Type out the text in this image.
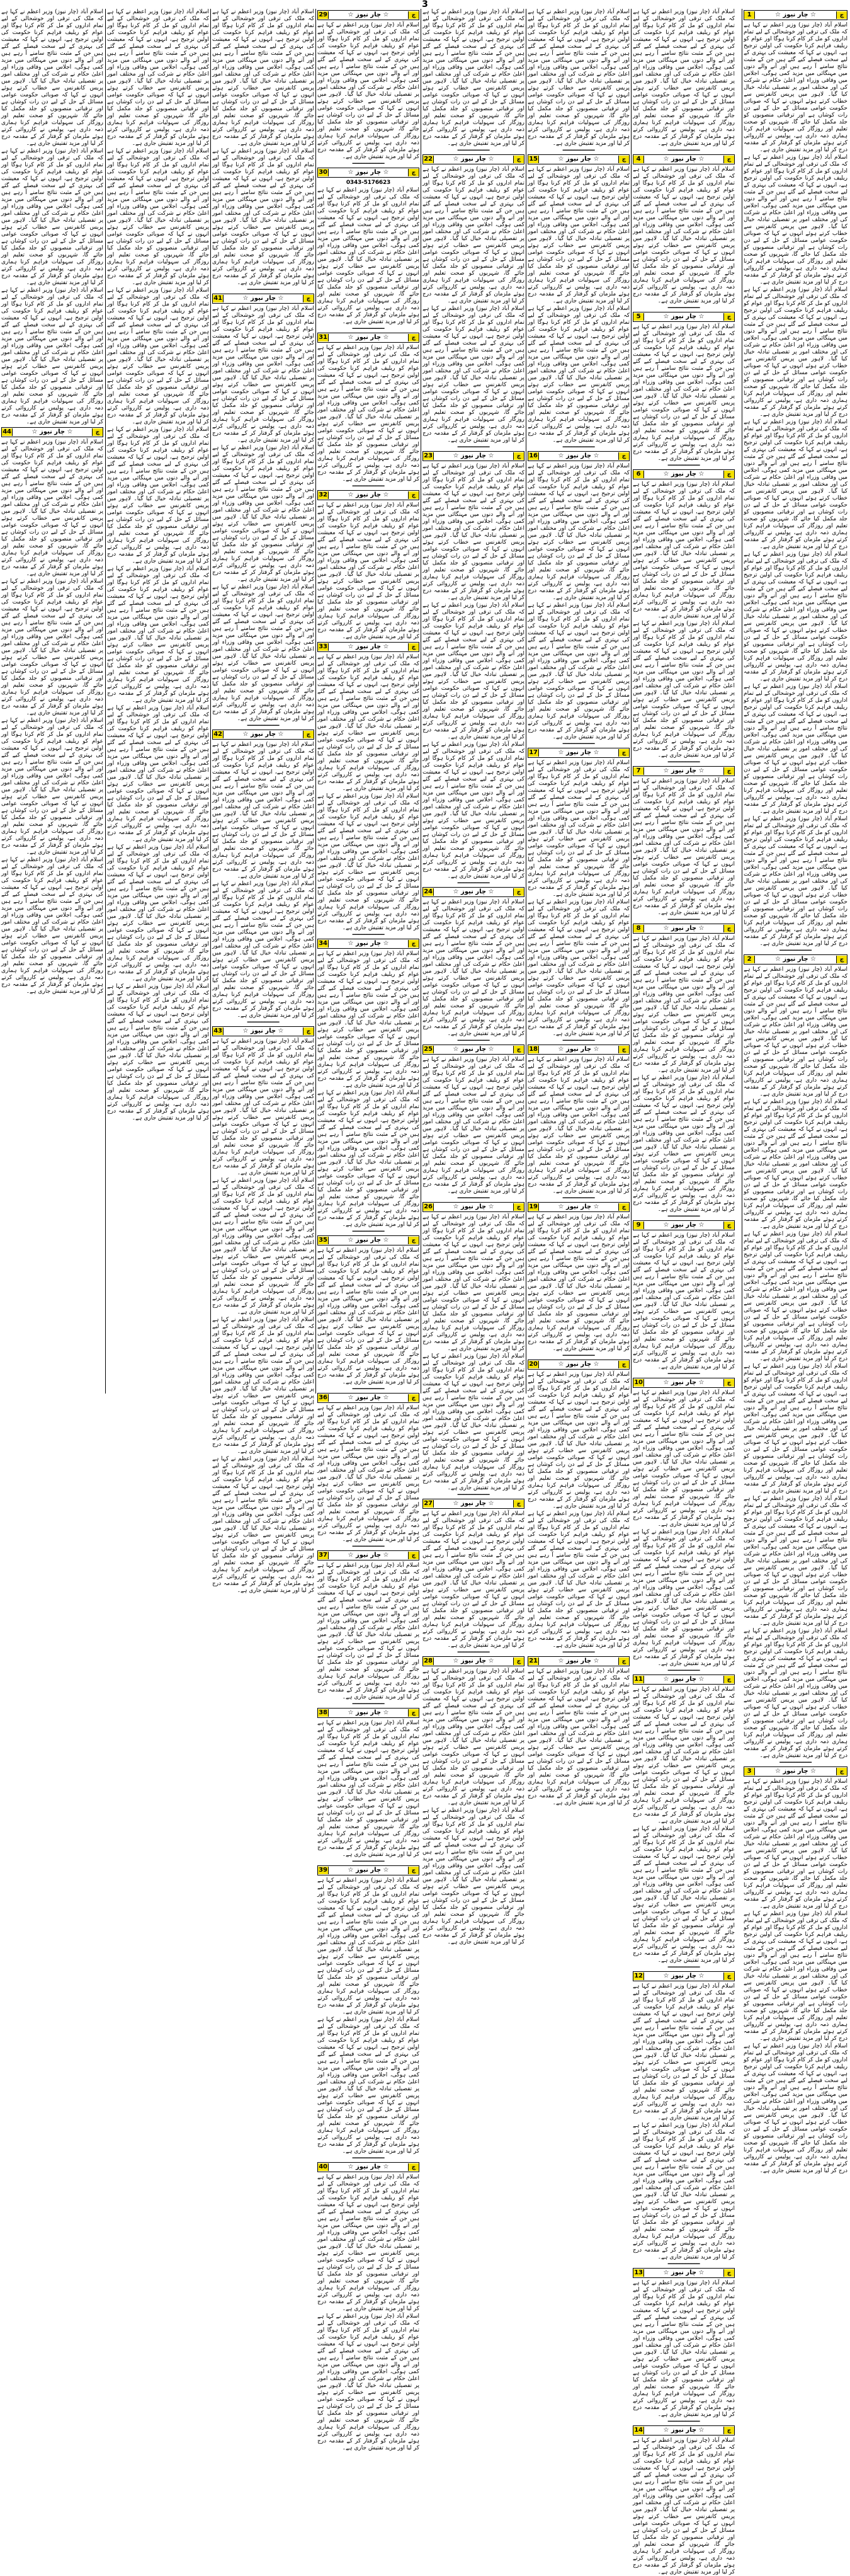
3

اسلام آباد (چار نیوز) وزیر اعظم نے کہا ہے کہ ملک کی ترقی اور خوشحالی کے لیے تمام اداروں کو مل کر کام کرنا ہوگا اور عوام کو ریلیف فراہم کرنا حکومت کی اولین ترجیح ہے، انہوں نے کہا کہ معیشت کی بہتری کے لیے سخت فیصلے کیے گئے ہیں جن کے مثبت نتائج سامنے آ رہے ہیں اور آنے والے دنوں میں مہنگائی میں مزید کمی ہوگی، اجلاس میں وفاقی وزراء اور اعلیٰ حکام نے شرکت کی اور مختلف امور پر تفصیلی تبادلہ خیال کیا گیا۔ لاہور میں پریس کانفرنس سے خطاب کرتے ہوئے انہوں نے کہا کہ صوبائی حکومت عوامی مسائل کے حل کے لیے دن رات کوشاں ہے اور ترقیاتی منصوبوں کو جلد مکمل کیا جائے گا، شہریوں کو صحت تعلیم اور روزگار کی سہولیات فراہم کرنا ہماری ذمہ داری ہے، پولیس نے کارروائی کرتے ہوئے ملزمان کو گرفتار کر کے مقدمہ درج کر لیا اور مزید تفتیش جاری ہے۔

اسلام آباد (چار نیوز) وزیر اعظم نے کہا ہے کہ ملک کی ترقی اور خوشحالی کے لیے تمام اداروں کو مل کر کام کرنا ہوگا اور عوام کو ریلیف فراہم کرنا حکومت کی اولین ترجیح ہے، انہوں نے کہا کہ معیشت کی بہتری کے لیے سخت فیصلے کیے گئے ہیں جن کے مثبت نتائج سامنے آ رہے ہیں اور آنے والے دنوں میں مہنگائی میں مزید کمی ہوگی، اجلاس میں وفاقی وزراء اور اعلیٰ حکام نے شرکت کی اور مختلف امور پر تفصیلی تبادلہ خیال کیا گیا۔ لاہور میں پریس کانفرنس سے خطاب کرتے ہوئے انہوں نے کہا کہ صوبائی حکومت عوامی مسائل کے حل کے لیے دن رات کوشاں ہے اور ترقیاتی منصوبوں کو جلد مکمل کیا جائے گا، شہریوں کو صحت تعلیم اور روزگار کی سہولیات فراہم کرنا ہماری ذمہ داری ہے، پولیس نے کارروائی کرتے ہوئے ملزمان کو گرفتار کر کے مقدمہ درج کر لیا اور مزید تفتیش جاری ہے۔

اسلام آباد (چار نیوز) وزیر اعظم نے کہا ہے کہ ملک کی ترقی اور خوشحالی کے لیے تمام اداروں کو مل کر کام کرنا ہوگا اور عوام کو ریلیف فراہم کرنا حکومت کی اولین ترجیح ہے، انہوں نے کہا کہ معیشت کی بہتری کے لیے سخت فیصلے کیے گئے ہیں جن کے مثبت نتائج سامنے آ رہے ہیں اور آنے والے دنوں میں مہنگائی میں مزید کمی ہوگی، اجلاس میں وفاقی وزراء اور اعلیٰ حکام نے شرکت کی اور مختلف امور پر تفصیلی تبادلہ خیال کیا گیا۔ لاہور میں پریس کانفرنس سے خطاب کرتے ہوئے انہوں نے کہا کہ صوبائی حکومت عوامی مسائل کے حل کے لیے دن رات کوشاں ہے اور ترقیاتی منصوبوں کو جلد مکمل کیا جائے گا، شہریوں کو صحت تعلیم اور روزگار کی سہولیات فراہم کرنا ہماری ذمہ داری ہے، پولیس نے کارروائی کرتے ہوئے ملزمان کو گرفتار کر کے مقدمہ درج کر لیا اور مزید تفتیش جاری ہے۔

چ
☆ چار نیوز ☆
44

اسلام آباد (چار نیوز) وزیر اعظم نے کہا ہے کہ ملک کی ترقی اور خوشحالی کے لیے تمام اداروں کو مل کر کام کرنا ہوگا اور عوام کو ریلیف فراہم کرنا حکومت کی اولین ترجیح ہے، انہوں نے کہا کہ معیشت کی بہتری کے لیے سخت فیصلے کیے گئے ہیں جن کے مثبت نتائج سامنے آ رہے ہیں اور آنے والے دنوں میں مہنگائی میں مزید کمی ہوگی، اجلاس میں وفاقی وزراء اور اعلیٰ حکام نے شرکت کی اور مختلف امور پر تفصیلی تبادلہ خیال کیا گیا۔ لاہور میں پریس کانفرنس سے خطاب کرتے ہوئے انہوں نے کہا کہ صوبائی حکومت عوامی مسائل کے حل کے لیے دن رات کوشاں ہے اور ترقیاتی منصوبوں کو جلد مکمل کیا جائے گا، شہریوں کو صحت تعلیم اور روزگار کی سہولیات فراہم کرنا ہماری ذمہ داری ہے، پولیس نے کارروائی کرتے ہوئے ملزمان کو گرفتار کر کے مقدمہ درج کر لیا اور مزید تفتیش جاری ہے۔

اسلام آباد (چار نیوز) وزیر اعظم نے کہا ہے کہ ملک کی ترقی اور خوشحالی کے لیے تمام اداروں کو مل کر کام کرنا ہوگا اور عوام کو ریلیف فراہم کرنا حکومت کی اولین ترجیح ہے، انہوں نے کہا کہ معیشت کی بہتری کے لیے سخت فیصلے کیے گئے ہیں جن کے مثبت نتائج سامنے آ رہے ہیں اور آنے والے دنوں میں مہنگائی میں مزید کمی ہوگی، اجلاس میں وفاقی وزراء اور اعلیٰ حکام نے شرکت کی اور مختلف امور پر تفصیلی تبادلہ خیال کیا گیا۔ لاہور میں پریس کانفرنس سے خطاب کرتے ہوئے انہوں نے کہا کہ صوبائی حکومت عوامی مسائل کے حل کے لیے دن رات کوشاں ہے اور ترقیاتی منصوبوں کو جلد مکمل کیا جائے گا، شہریوں کو صحت تعلیم اور روزگار کی سہولیات فراہم کرنا ہماری ذمہ داری ہے، پولیس نے کارروائی کرتے ہوئے ملزمان کو گرفتار کر کے مقدمہ درج کر لیا اور مزید تفتیش جاری ہے۔

اسلام آباد (چار نیوز) وزیر اعظم نے کہا ہے کہ ملک کی ترقی اور خوشحالی کے لیے تمام اداروں کو مل کر کام کرنا ہوگا اور عوام کو ریلیف فراہم کرنا حکومت کی اولین ترجیح ہے، انہوں نے کہا کہ معیشت کی بہتری کے لیے سخت فیصلے کیے گئے ہیں جن کے مثبت نتائج سامنے آ رہے ہیں اور آنے والے دنوں میں مہنگائی میں مزید کمی ہوگی، اجلاس میں وفاقی وزراء اور اعلیٰ حکام نے شرکت کی اور مختلف امور پر تفصیلی تبادلہ خیال کیا گیا۔ لاہور میں پریس کانفرنس سے خطاب کرتے ہوئے انہوں نے کہا کہ صوبائی حکومت عوامی مسائل کے حل کے لیے دن رات کوشاں ہے اور ترقیاتی منصوبوں کو جلد مکمل کیا جائے گا، شہریوں کو صحت تعلیم اور روزگار کی سہولیات فراہم کرنا ہماری ذمہ داری ہے، پولیس نے کارروائی کرتے ہوئے ملزمان کو گرفتار کر کے مقدمہ درج کر لیا اور مزید تفتیش جاری ہے۔

اسلام آباد (چار نیوز) وزیر اعظم نے کہا ہے کہ ملک کی ترقی اور خوشحالی کے لیے تمام اداروں کو مل کر کام کرنا ہوگا اور عوام کو ریلیف فراہم کرنا حکومت کی اولین ترجیح ہے، انہوں نے کہا کہ معیشت کی بہتری کے لیے سخت فیصلے کیے گئے ہیں جن کے مثبت نتائج سامنے آ رہے ہیں اور آنے والے دنوں میں مہنگائی میں مزید کمی ہوگی، اجلاس میں وفاقی وزراء اور اعلیٰ حکام نے شرکت کی اور مختلف امور پر تفصیلی تبادلہ خیال کیا گیا۔ لاہور میں پریس کانفرنس سے خطاب کرتے ہوئے انہوں نے کہا کہ صوبائی حکومت عوامی مسائل کے حل کے لیے دن رات کوشاں ہے اور ترقیاتی منصوبوں کو جلد مکمل کیا جائے گا، شہریوں کو صحت تعلیم اور روزگار کی سہولیات فراہم کرنا ہماری ذمہ داری ہے، پولیس نے کارروائی کرتے ہوئے ملزمان کو گرفتار کر کے مقدمہ درج کر لیا اور مزید تفتیش جاری ہے۔

اسلام آباد (چار نیوز) وزیر اعظم نے کہا ہے کہ ملک کی ترقی اور خوشحالی کے لیے تمام اداروں کو مل کر کام کرنا ہوگا اور عوام کو ریلیف فراہم کرنا حکومت کی اولین ترجیح ہے، انہوں نے کہا کہ معیشت کی بہتری کے لیے سخت فیصلے کیے گئے ہیں جن کے مثبت نتائج سامنے آ رہے ہیں اور آنے والے دنوں میں مہنگائی میں مزید کمی ہوگی، اجلاس میں وفاقی وزراء اور اعلیٰ حکام نے شرکت کی اور مختلف امور پر تفصیلی تبادلہ خیال کیا گیا۔ لاہور میں پریس کانفرنس سے خطاب کرتے ہوئے انہوں نے کہا کہ صوبائی حکومت عوامی مسائل کے حل کے لیے دن رات کوشاں ہے اور ترقیاتی منصوبوں کو جلد مکمل کیا جائے گا، شہریوں کو صحت تعلیم اور روزگار کی سہولیات فراہم کرنا ہماری ذمہ داری ہے، پولیس نے کارروائی کرتے ہوئے ملزمان کو گرفتار کر کے مقدمہ درج کر لیا اور مزید تفتیش جاری ہے۔

اسلام آباد (چار نیوز) وزیر اعظم نے کہا ہے کہ ملک کی ترقی اور خوشحالی کے لیے تمام اداروں کو مل کر کام کرنا ہوگا اور عوام کو ریلیف فراہم کرنا حکومت کی اولین ترجیح ہے، انہوں نے کہا کہ معیشت کی بہتری کے لیے سخت فیصلے کیے گئے ہیں جن کے مثبت نتائج سامنے آ رہے ہیں اور آنے والے دنوں میں مہنگائی میں مزید کمی ہوگی، اجلاس میں وفاقی وزراء اور اعلیٰ حکام نے شرکت کی اور مختلف امور پر تفصیلی تبادلہ خیال کیا گیا۔ لاہور میں پریس کانفرنس سے خطاب کرتے ہوئے انہوں نے کہا کہ صوبائی حکومت عوامی مسائل کے حل کے لیے دن رات کوشاں ہے اور ترقیاتی منصوبوں کو جلد مکمل کیا جائے گا، شہریوں کو صحت تعلیم اور روزگار کی سہولیات فراہم کرنا ہماری ذمہ داری ہے، پولیس نے کارروائی کرتے ہوئے ملزمان کو گرفتار کر کے مقدمہ درج کر لیا اور مزید تفتیش جاری ہے۔

اسلام آباد (چار نیوز) وزیر اعظم نے کہا ہے کہ ملک کی ترقی اور خوشحالی کے لیے تمام اداروں کو مل کر کام کرنا ہوگا اور عوام کو ریلیف فراہم کرنا حکومت کی اولین ترجیح ہے، انہوں نے کہا کہ معیشت کی بہتری کے لیے سخت فیصلے کیے گئے ہیں جن کے مثبت نتائج سامنے آ رہے ہیں اور آنے والے دنوں میں مہنگائی میں مزید کمی ہوگی، اجلاس میں وفاقی وزراء اور اعلیٰ حکام نے شرکت کی اور مختلف امور پر تفصیلی تبادلہ خیال کیا گیا۔ لاہور میں پریس کانفرنس سے خطاب کرتے ہوئے انہوں نے کہا کہ صوبائی حکومت عوامی مسائل کے حل کے لیے دن رات کوشاں ہے اور ترقیاتی منصوبوں کو جلد مکمل کیا جائے گا، شہریوں کو صحت تعلیم اور روزگار کی سہولیات فراہم کرنا ہماری ذمہ داری ہے، پولیس نے کارروائی کرتے ہوئے ملزمان کو گرفتار کر کے مقدمہ درج کر لیا اور مزید تفتیش جاری ہے۔

اسلام آباد (چار نیوز) وزیر اعظم نے کہا ہے کہ ملک کی ترقی اور خوشحالی کے لیے تمام اداروں کو مل کر کام کرنا ہوگا اور عوام کو ریلیف فراہم کرنا حکومت کی اولین ترجیح ہے، انہوں نے کہا کہ معیشت کی بہتری کے لیے سخت فیصلے کیے گئے ہیں جن کے مثبت نتائج سامنے آ رہے ہیں اور آنے والے دنوں میں مہنگائی میں مزید کمی ہوگی، اجلاس میں وفاقی وزراء اور اعلیٰ حکام نے شرکت کی اور مختلف امور پر تفصیلی تبادلہ خیال کیا گیا۔ لاہور میں پریس کانفرنس سے خطاب کرتے ہوئے انہوں نے کہا کہ صوبائی حکومت عوامی مسائل کے حل کے لیے دن رات کوشاں ہے اور ترقیاتی منصوبوں کو جلد مکمل کیا جائے گا، شہریوں کو صحت تعلیم اور روزگار کی سہولیات فراہم کرنا ہماری ذمہ داری ہے، پولیس نے کارروائی کرتے ہوئے ملزمان کو گرفتار کر کے مقدمہ درج کر لیا اور مزید تفتیش جاری ہے۔

اسلام آباد (چار نیوز) وزیر اعظم نے کہا ہے کہ ملک کی ترقی اور خوشحالی کے لیے تمام اداروں کو مل کر کام کرنا ہوگا اور عوام کو ریلیف فراہم کرنا حکومت کی اولین ترجیح ہے، انہوں نے کہا کہ معیشت کی بہتری کے لیے سخت فیصلے کیے گئے ہیں جن کے مثبت نتائج سامنے آ رہے ہیں اور آنے والے دنوں میں مہنگائی میں مزید کمی ہوگی، اجلاس میں وفاقی وزراء اور اعلیٰ حکام نے شرکت کی اور مختلف امور پر تفصیلی تبادلہ خیال کیا گیا۔ لاہور میں پریس کانفرنس سے خطاب کرتے ہوئے انہوں نے کہا کہ صوبائی حکومت عوامی مسائل کے حل کے لیے دن رات کوشاں ہے اور ترقیاتی منصوبوں کو جلد مکمل کیا جائے گا، شہریوں کو صحت تعلیم اور روزگار کی سہولیات فراہم کرنا ہماری ذمہ داری ہے، پولیس نے کارروائی کرتے ہوئے ملزمان کو گرفتار کر کے مقدمہ درج کر لیا اور مزید تفتیش جاری ہے۔

اسلام آباد (چار نیوز) وزیر اعظم نے کہا ہے کہ ملک کی ترقی اور خوشحالی کے لیے تمام اداروں کو مل کر کام کرنا ہوگا اور عوام کو ریلیف فراہم کرنا حکومت کی اولین ترجیح ہے، انہوں نے کہا کہ معیشت کی بہتری کے لیے سخت فیصلے کیے گئے ہیں جن کے مثبت نتائج سامنے آ رہے ہیں اور آنے والے دنوں میں مہنگائی میں مزید کمی ہوگی، اجلاس میں وفاقی وزراء اور اعلیٰ حکام نے شرکت کی اور مختلف امور پر تفصیلی تبادلہ خیال کیا گیا۔ لاہور میں پریس کانفرنس سے خطاب کرتے ہوئے انہوں نے کہا کہ صوبائی حکومت عوامی مسائل کے حل کے لیے دن رات کوشاں ہے اور ترقیاتی منصوبوں کو جلد مکمل کیا جائے گا، شہریوں کو صحت تعلیم اور روزگار کی سہولیات فراہم کرنا ہماری ذمہ داری ہے، پولیس نے کارروائی کرتے ہوئے ملزمان کو گرفتار کر کے مقدمہ درج کر لیا اور مزید تفتیش جاری ہے۔

اسلام آباد (چار نیوز) وزیر اعظم نے کہا ہے کہ ملک کی ترقی اور خوشحالی کے لیے تمام اداروں کو مل کر کام کرنا ہوگا اور عوام کو ریلیف فراہم کرنا حکومت کی اولین ترجیح ہے، انہوں نے کہا کہ معیشت کی بہتری کے لیے سخت فیصلے کیے گئے ہیں جن کے مثبت نتائج سامنے آ رہے ہیں اور آنے والے دنوں میں مہنگائی میں مزید کمی ہوگی، اجلاس میں وفاقی وزراء اور اعلیٰ حکام نے شرکت کی اور مختلف امور پر تفصیلی تبادلہ خیال کیا گیا۔ لاہور میں پریس کانفرنس سے خطاب کرتے ہوئے انہوں نے کہا کہ صوبائی حکومت عوامی مسائل کے حل کے لیے دن رات کوشاں ہے اور ترقیاتی منصوبوں کو جلد مکمل کیا جائے گا، شہریوں کو صحت تعلیم اور روزگار کی سہولیات فراہم کرنا ہماری ذمہ داری ہے، پولیس نے کارروائی کرتے ہوئے ملزمان کو گرفتار کر کے مقدمہ درج کر لیا اور مزید تفتیش جاری ہے۔

اسلام آباد (چار نیوز) وزیر اعظم نے کہا ہے کہ ملک کی ترقی اور خوشحالی کے لیے تمام اداروں کو مل کر کام کرنا ہوگا اور عوام کو ریلیف فراہم کرنا حکومت کی اولین ترجیح ہے، انہوں نے کہا کہ معیشت کی بہتری کے لیے سخت فیصلے کیے گئے ہیں جن کے مثبت نتائج سامنے آ رہے ہیں اور آنے والے دنوں میں مہنگائی میں مزید کمی ہوگی، اجلاس میں وفاقی وزراء اور اعلیٰ حکام نے شرکت کی اور مختلف امور پر تفصیلی تبادلہ خیال کیا گیا۔ لاہور میں پریس کانفرنس سے خطاب کرتے ہوئے انہوں نے کہا کہ صوبائی حکومت عوامی مسائل کے حل کے لیے دن رات کوشاں ہے اور ترقیاتی منصوبوں کو جلد مکمل کیا جائے گا، شہریوں کو صحت تعلیم اور روزگار کی سہولیات فراہم کرنا ہماری ذمہ داری ہے، پولیس نے کارروائی کرتے ہوئے ملزمان کو گرفتار کر کے مقدمہ درج کر لیا اور مزید تفتیش جاری ہے۔

اسلام آباد (چار نیوز) وزیر اعظم نے کہا ہے کہ ملک کی ترقی اور خوشحالی کے لیے تمام اداروں کو مل کر کام کرنا ہوگا اور عوام کو ریلیف فراہم کرنا حکومت کی اولین ترجیح ہے، انہوں نے کہا کہ معیشت کی بہتری کے لیے سخت فیصلے کیے گئے ہیں جن کے مثبت نتائج سامنے آ رہے ہیں اور آنے والے دنوں میں مہنگائی میں مزید کمی ہوگی، اجلاس میں وفاقی وزراء اور اعلیٰ حکام نے شرکت کی اور مختلف امور پر تفصیلی تبادلہ خیال کیا گیا۔ لاہور میں پریس کانفرنس سے خطاب کرتے ہوئے انہوں نے کہا کہ صوبائی حکومت عوامی مسائل کے حل کے لیے دن رات کوشاں ہے اور ترقیاتی منصوبوں کو جلد مکمل کیا جائے گا، شہریوں کو صحت تعلیم اور روزگار کی سہولیات فراہم کرنا ہماری ذمہ داری ہے، پولیس نے کارروائی کرتے ہوئے ملزمان کو گرفتار کر کے مقدمہ درج کر لیا اور مزید تفتیش جاری ہے۔

اسلام آباد (چار نیوز) وزیر اعظم نے کہا ہے کہ ملک کی ترقی اور خوشحالی کے لیے تمام اداروں کو مل کر کام کرنا ہوگا اور عوام کو ریلیف فراہم کرنا حکومت کی اولین ترجیح ہے، انہوں نے کہا کہ معیشت کی بہتری کے لیے سخت فیصلے کیے گئے ہیں جن کے مثبت نتائج سامنے آ رہے ہیں اور آنے والے دنوں میں مہنگائی میں مزید کمی ہوگی، اجلاس میں وفاقی وزراء اور اعلیٰ حکام نے شرکت کی اور مختلف امور پر تفصیلی تبادلہ خیال کیا گیا۔ لاہور میں پریس کانفرنس سے خطاب کرتے ہوئے انہوں نے کہا کہ صوبائی حکومت عوامی مسائل کے حل کے لیے دن رات کوشاں ہے اور ترقیاتی منصوبوں کو جلد مکمل کیا جائے گا، شہریوں کو صحت تعلیم اور روزگار کی سہولیات فراہم کرنا ہماری ذمہ داری ہے، پولیس نے کارروائی کرتے ہوئے ملزمان کو گرفتار کر کے مقدمہ درج کر لیا اور مزید تفتیش جاری ہے۔

━━━━━━━━━━━
چ
☆ چار نیوز ☆
41

اسلام آباد (چار نیوز) وزیر اعظم نے کہا ہے کہ ملک کی ترقی اور خوشحالی کے لیے تمام اداروں کو مل کر کام کرنا ہوگا اور عوام کو ریلیف فراہم کرنا حکومت کی اولین ترجیح ہے، انہوں نے کہا کہ معیشت کی بہتری کے لیے سخت فیصلے کیے گئے ہیں جن کے مثبت نتائج سامنے آ رہے ہیں اور آنے والے دنوں میں مہنگائی میں مزید کمی ہوگی، اجلاس میں وفاقی وزراء اور اعلیٰ حکام نے شرکت کی اور مختلف امور پر تفصیلی تبادلہ خیال کیا گیا۔ لاہور میں پریس کانفرنس سے خطاب کرتے ہوئے انہوں نے کہا کہ صوبائی حکومت عوامی مسائل کے حل کے لیے دن رات کوشاں ہے اور ترقیاتی منصوبوں کو جلد مکمل کیا جائے گا، شہریوں کو صحت تعلیم اور روزگار کی سہولیات فراہم کرنا ہماری ذمہ داری ہے، پولیس نے کارروائی کرتے ہوئے ملزمان کو گرفتار کر کے مقدمہ درج کر لیا اور مزید تفتیش جاری ہے۔

اسلام آباد (چار نیوز) وزیر اعظم نے کہا ہے کہ ملک کی ترقی اور خوشحالی کے لیے تمام اداروں کو مل کر کام کرنا ہوگا اور عوام کو ریلیف فراہم کرنا حکومت کی اولین ترجیح ہے، انہوں نے کہا کہ معیشت کی بہتری کے لیے سخت فیصلے کیے گئے ہیں جن کے مثبت نتائج سامنے آ رہے ہیں اور آنے والے دنوں میں مہنگائی میں مزید کمی ہوگی، اجلاس میں وفاقی وزراء اور اعلیٰ حکام نے شرکت کی اور مختلف امور پر تفصیلی تبادلہ خیال کیا گیا۔ لاہور میں پریس کانفرنس سے خطاب کرتے ہوئے انہوں نے کہا کہ صوبائی حکومت عوامی مسائل کے حل کے لیے دن رات کوشاں ہے اور ترقیاتی منصوبوں کو جلد مکمل کیا جائے گا، شہریوں کو صحت تعلیم اور روزگار کی سہولیات فراہم کرنا ہماری ذمہ داری ہے، پولیس نے کارروائی کرتے ہوئے ملزمان کو گرفتار کر کے مقدمہ درج کر لیا اور مزید تفتیش جاری ہے۔

اسلام آباد (چار نیوز) وزیر اعظم نے کہا ہے کہ ملک کی ترقی اور خوشحالی کے لیے تمام اداروں کو مل کر کام کرنا ہوگا اور عوام کو ریلیف فراہم کرنا حکومت کی اولین ترجیح ہے، انہوں نے کہا کہ معیشت کی بہتری کے لیے سخت فیصلے کیے گئے ہیں جن کے مثبت نتائج سامنے آ رہے ہیں اور آنے والے دنوں میں مہنگائی میں مزید کمی ہوگی، اجلاس میں وفاقی وزراء اور اعلیٰ حکام نے شرکت کی اور مختلف امور پر تفصیلی تبادلہ خیال کیا گیا۔ لاہور میں پریس کانفرنس سے خطاب کرتے ہوئے انہوں نے کہا کہ صوبائی حکومت عوامی مسائل کے حل کے لیے دن رات کوشاں ہے اور ترقیاتی منصوبوں کو جلد مکمل کیا جائے گا، شہریوں کو صحت تعلیم اور روزگار کی سہولیات فراہم کرنا ہماری ذمہ داری ہے، پولیس نے کارروائی کرتے ہوئے ملزمان کو گرفتار کر کے مقدمہ درج کر لیا اور مزید تفتیش جاری ہے۔

━━━━━━━━━━━
چ
☆ چار نیوز ☆
42

اسلام آباد (چار نیوز) وزیر اعظم نے کہا ہے کہ ملک کی ترقی اور خوشحالی کے لیے تمام اداروں کو مل کر کام کرنا ہوگا اور عوام کو ریلیف فراہم کرنا حکومت کی اولین ترجیح ہے، انہوں نے کہا کہ معیشت کی بہتری کے لیے سخت فیصلے کیے گئے ہیں جن کے مثبت نتائج سامنے آ رہے ہیں اور آنے والے دنوں میں مہنگائی میں مزید کمی ہوگی، اجلاس میں وفاقی وزراء اور اعلیٰ حکام نے شرکت کی اور مختلف امور پر تفصیلی تبادلہ خیال کیا گیا۔ لاہور میں پریس کانفرنس سے خطاب کرتے ہوئے انہوں نے کہا کہ صوبائی حکومت عوامی مسائل کے حل کے لیے دن رات کوشاں ہے اور ترقیاتی منصوبوں کو جلد مکمل کیا جائے گا، شہریوں کو صحت تعلیم اور روزگار کی سہولیات فراہم کرنا ہماری ذمہ داری ہے، پولیس نے کارروائی کرتے ہوئے ملزمان کو گرفتار کر کے مقدمہ درج کر لیا اور مزید تفتیش جاری ہے۔

اسلام آباد (چار نیوز) وزیر اعظم نے کہا ہے کہ ملک کی ترقی اور خوشحالی کے لیے تمام اداروں کو مل کر کام کرنا ہوگا اور عوام کو ریلیف فراہم کرنا حکومت کی اولین ترجیح ہے، انہوں نے کہا کہ معیشت کی بہتری کے لیے سخت فیصلے کیے گئے ہیں جن کے مثبت نتائج سامنے آ رہے ہیں اور آنے والے دنوں میں مہنگائی میں مزید کمی ہوگی، اجلاس میں وفاقی وزراء اور اعلیٰ حکام نے شرکت کی اور مختلف امور پر تفصیلی تبادلہ خیال کیا گیا۔ لاہور میں پریس کانفرنس سے خطاب کرتے ہوئے انہوں نے کہا کہ صوبائی حکومت عوامی مسائل کے حل کے لیے دن رات کوشاں ہے اور ترقیاتی منصوبوں کو جلد مکمل کیا جائے گا، شہریوں کو صحت تعلیم اور روزگار کی سہولیات فراہم کرنا ہماری ذمہ داری ہے، پولیس نے کارروائی کرتے ہوئے ملزمان کو گرفتار کر کے مقدمہ درج کر لیا اور مزید تفتیش جاری ہے۔

━━━━━━━━━━━
چ
☆ چار نیوز ☆
43

اسلام آباد (چار نیوز) وزیر اعظم نے کہا ہے کہ ملک کی ترقی اور خوشحالی کے لیے تمام اداروں کو مل کر کام کرنا ہوگا اور عوام کو ریلیف فراہم کرنا حکومت کی اولین ترجیح ہے، انہوں نے کہا کہ معیشت کی بہتری کے لیے سخت فیصلے کیے گئے ہیں جن کے مثبت نتائج سامنے آ رہے ہیں اور آنے والے دنوں میں مہنگائی میں مزید کمی ہوگی، اجلاس میں وفاقی وزراء اور اعلیٰ حکام نے شرکت کی اور مختلف امور پر تفصیلی تبادلہ خیال کیا گیا۔ لاہور میں پریس کانفرنس سے خطاب کرتے ہوئے انہوں نے کہا کہ صوبائی حکومت عوامی مسائل کے حل کے لیے دن رات کوشاں ہے اور ترقیاتی منصوبوں کو جلد مکمل کیا جائے گا، شہریوں کو صحت تعلیم اور روزگار کی سہولیات فراہم کرنا ہماری ذمہ داری ہے، پولیس نے کارروائی کرتے ہوئے ملزمان کو گرفتار کر کے مقدمہ درج کر لیا اور مزید تفتیش جاری ہے۔

اسلام آباد (چار نیوز) وزیر اعظم نے کہا ہے کہ ملک کی ترقی اور خوشحالی کے لیے تمام اداروں کو مل کر کام کرنا ہوگا اور عوام کو ریلیف فراہم کرنا حکومت کی اولین ترجیح ہے، انہوں نے کہا کہ معیشت کی بہتری کے لیے سخت فیصلے کیے گئے ہیں جن کے مثبت نتائج سامنے آ رہے ہیں اور آنے والے دنوں میں مہنگائی میں مزید کمی ہوگی، اجلاس میں وفاقی وزراء اور اعلیٰ حکام نے شرکت کی اور مختلف امور پر تفصیلی تبادلہ خیال کیا گیا۔ لاہور میں پریس کانفرنس سے خطاب کرتے ہوئے انہوں نے کہا کہ صوبائی حکومت عوامی مسائل کے حل کے لیے دن رات کوشاں ہے اور ترقیاتی منصوبوں کو جلد مکمل کیا جائے گا، شہریوں کو صحت تعلیم اور روزگار کی سہولیات فراہم کرنا ہماری ذمہ داری ہے، پولیس نے کارروائی کرتے ہوئے ملزمان کو گرفتار کر کے مقدمہ درج کر لیا اور مزید تفتیش جاری ہے۔

اسلام آباد (چار نیوز) وزیر اعظم نے کہا ہے کہ ملک کی ترقی اور خوشحالی کے لیے تمام اداروں کو مل کر کام کرنا ہوگا اور عوام کو ریلیف فراہم کرنا حکومت کی اولین ترجیح ہے، انہوں نے کہا کہ معیشت کی بہتری کے لیے سخت فیصلے کیے گئے ہیں جن کے مثبت نتائج سامنے آ رہے ہیں اور آنے والے دنوں میں مہنگائی میں مزید کمی ہوگی، اجلاس میں وفاقی وزراء اور اعلیٰ حکام نے شرکت کی اور مختلف امور پر تفصیلی تبادلہ خیال کیا گیا۔ لاہور میں پریس کانفرنس سے خطاب کرتے ہوئے انہوں نے کہا کہ صوبائی حکومت عوامی مسائل کے حل کے لیے دن رات کوشاں ہے اور ترقیاتی منصوبوں کو جلد مکمل کیا جائے گا، شہریوں کو صحت تعلیم اور روزگار کی سہولیات فراہم کرنا ہماری ذمہ داری ہے، پولیس نے کارروائی کرتے ہوئے ملزمان کو گرفتار کر کے مقدمہ درج کر لیا اور مزید تفتیش جاری ہے۔

اسلام آباد (چار نیوز) وزیر اعظم نے کہا ہے کہ ملک کی ترقی اور خوشحالی کے لیے تمام اداروں کو مل کر کام کرنا ہوگا اور عوام کو ریلیف فراہم کرنا حکومت کی اولین ترجیح ہے، انہوں نے کہا کہ معیشت کی بہتری کے لیے سخت فیصلے کیے گئے ہیں جن کے مثبت نتائج سامنے آ رہے ہیں اور آنے والے دنوں میں مہنگائی میں مزید کمی ہوگی، اجلاس میں وفاقی وزراء اور اعلیٰ حکام نے شرکت کی اور مختلف امور پر تفصیلی تبادلہ خیال کیا گیا۔ لاہور میں پریس کانفرنس سے خطاب کرتے ہوئے انہوں نے کہا کہ صوبائی حکومت عوامی مسائل کے حل کے لیے دن رات کوشاں ہے اور ترقیاتی منصوبوں کو جلد مکمل کیا جائے گا، شہریوں کو صحت تعلیم اور روزگار کی سہولیات فراہم کرنا ہماری ذمہ داری ہے، پولیس نے کارروائی کرتے ہوئے ملزمان کو گرفتار کر کے مقدمہ درج کر لیا اور مزید تفتیش جاری ہے۔

چ
☆ چار نیوز ☆
29

اسلام آباد (چار نیوز) وزیر اعظم نے کہا ہے کہ ملک کی ترقی اور خوشحالی کے لیے تمام اداروں کو مل کر کام کرنا ہوگا اور عوام کو ریلیف فراہم کرنا حکومت کی اولین ترجیح ہے، انہوں نے کہا کہ معیشت کی بہتری کے لیے سخت فیصلے کیے گئے ہیں جن کے مثبت نتائج سامنے آ رہے ہیں اور آنے والے دنوں میں مہنگائی میں مزید کمی ہوگی، اجلاس میں وفاقی وزراء اور اعلیٰ حکام نے شرکت کی اور مختلف امور پر تفصیلی تبادلہ خیال کیا گیا۔ لاہور میں پریس کانفرنس سے خطاب کرتے ہوئے انہوں نے کہا کہ صوبائی حکومت عوامی مسائل کے حل کے لیے دن رات کوشاں ہے اور ترقیاتی منصوبوں کو جلد مکمل کیا جائے گا، شہریوں کو صحت تعلیم اور روزگار کی سہولیات فراہم کرنا ہماری ذمہ داری ہے، پولیس نے کارروائی کرتے ہوئے ملزمان کو گرفتار کر کے مقدمہ درج کر لیا اور مزید تفتیش جاری ہے۔

━━━━━━━━━━━
چ
☆ چار نیوز ☆
30

0343-5176623

اسلام آباد (چار نیوز) وزیر اعظم نے کہا ہے کہ ملک کی ترقی اور خوشحالی کے لیے تمام اداروں کو مل کر کام کرنا ہوگا اور عوام کو ریلیف فراہم کرنا حکومت کی اولین ترجیح ہے، انہوں نے کہا کہ معیشت کی بہتری کے لیے سخت فیصلے کیے گئے ہیں جن کے مثبت نتائج سامنے آ رہے ہیں اور آنے والے دنوں میں مہنگائی میں مزید کمی ہوگی، اجلاس میں وفاقی وزراء اور اعلیٰ حکام نے شرکت کی اور مختلف امور پر تفصیلی تبادلہ خیال کیا گیا۔ لاہور میں پریس کانفرنس سے خطاب کرتے ہوئے انہوں نے کہا کہ صوبائی حکومت عوامی مسائل کے حل کے لیے دن رات کوشاں ہے اور ترقیاتی منصوبوں کو جلد مکمل کیا جائے گا، شہریوں کو صحت تعلیم اور روزگار کی سہولیات فراہم کرنا ہماری ذمہ داری ہے، پولیس نے کارروائی کرتے ہوئے ملزمان کو گرفتار کر کے مقدمہ درج کر لیا اور مزید تفتیش جاری ہے۔

━━━━━━━━━━━
چ
☆ چار نیوز ☆
31

اسلام آباد (چار نیوز) وزیر اعظم نے کہا ہے کہ ملک کی ترقی اور خوشحالی کے لیے تمام اداروں کو مل کر کام کرنا ہوگا اور عوام کو ریلیف فراہم کرنا حکومت کی اولین ترجیح ہے، انہوں نے کہا کہ معیشت کی بہتری کے لیے سخت فیصلے کیے گئے ہیں جن کے مثبت نتائج سامنے آ رہے ہیں اور آنے والے دنوں میں مہنگائی میں مزید کمی ہوگی، اجلاس میں وفاقی وزراء اور اعلیٰ حکام نے شرکت کی اور مختلف امور پر تفصیلی تبادلہ خیال کیا گیا۔ لاہور میں پریس کانفرنس سے خطاب کرتے ہوئے انہوں نے کہا کہ صوبائی حکومت عوامی مسائل کے حل کے لیے دن رات کوشاں ہے اور ترقیاتی منصوبوں کو جلد مکمل کیا جائے گا، شہریوں کو صحت تعلیم اور روزگار کی سہولیات فراہم کرنا ہماری ذمہ داری ہے، پولیس نے کارروائی کرتے ہوئے ملزمان کو گرفتار کر کے مقدمہ درج کر لیا اور مزید تفتیش جاری ہے۔

━━━━━━━━━━━
چ
☆ چار نیوز ☆
32

اسلام آباد (چار نیوز) وزیر اعظم نے کہا ہے کہ ملک کی ترقی اور خوشحالی کے لیے تمام اداروں کو مل کر کام کرنا ہوگا اور عوام کو ریلیف فراہم کرنا حکومت کی اولین ترجیح ہے، انہوں نے کہا کہ معیشت کی بہتری کے لیے سخت فیصلے کیے گئے ہیں جن کے مثبت نتائج سامنے آ رہے ہیں اور آنے والے دنوں میں مہنگائی میں مزید کمی ہوگی، اجلاس میں وفاقی وزراء اور اعلیٰ حکام نے شرکت کی اور مختلف امور پر تفصیلی تبادلہ خیال کیا گیا۔ لاہور میں پریس کانفرنس سے خطاب کرتے ہوئے انہوں نے کہا کہ صوبائی حکومت عوامی مسائل کے حل کے لیے دن رات کوشاں ہے اور ترقیاتی منصوبوں کو جلد مکمل کیا جائے گا، شہریوں کو صحت تعلیم اور روزگار کی سہولیات فراہم کرنا ہماری ذمہ داری ہے، پولیس نے کارروائی کرتے ہوئے ملزمان کو گرفتار کر کے مقدمہ درج کر لیا اور مزید تفتیش جاری ہے۔

چ
☆ چار نیوز ☆
33

اسلام آباد (چار نیوز) وزیر اعظم نے کہا ہے کہ ملک کی ترقی اور خوشحالی کے لیے تمام اداروں کو مل کر کام کرنا ہوگا اور عوام کو ریلیف فراہم کرنا حکومت کی اولین ترجیح ہے، انہوں نے کہا کہ معیشت کی بہتری کے لیے سخت فیصلے کیے گئے ہیں جن کے مثبت نتائج سامنے آ رہے ہیں اور آنے والے دنوں میں مہنگائی میں مزید کمی ہوگی، اجلاس میں وفاقی وزراء اور اعلیٰ حکام نے شرکت کی اور مختلف امور پر تفصیلی تبادلہ خیال کیا گیا۔ لاہور میں پریس کانفرنس سے خطاب کرتے ہوئے انہوں نے کہا کہ صوبائی حکومت عوامی مسائل کے حل کے لیے دن رات کوشاں ہے اور ترقیاتی منصوبوں کو جلد مکمل کیا جائے گا، شہریوں کو صحت تعلیم اور روزگار کی سہولیات فراہم کرنا ہماری ذمہ داری ہے، پولیس نے کارروائی کرتے ہوئے ملزمان کو گرفتار کر کے مقدمہ درج کر لیا اور مزید تفتیش جاری ہے۔

اسلام آباد (چار نیوز) وزیر اعظم نے کہا ہے کہ ملک کی ترقی اور خوشحالی کے لیے تمام اداروں کو مل کر کام کرنا ہوگا اور عوام کو ریلیف فراہم کرنا حکومت کی اولین ترجیح ہے، انہوں نے کہا کہ معیشت کی بہتری کے لیے سخت فیصلے کیے گئے ہیں جن کے مثبت نتائج سامنے آ رہے ہیں اور آنے والے دنوں میں مہنگائی میں مزید کمی ہوگی، اجلاس میں وفاقی وزراء اور اعلیٰ حکام نے شرکت کی اور مختلف امور پر تفصیلی تبادلہ خیال کیا گیا۔ لاہور میں پریس کانفرنس سے خطاب کرتے ہوئے انہوں نے کہا کہ صوبائی حکومت عوامی مسائل کے حل کے لیے دن رات کوشاں ہے اور ترقیاتی منصوبوں کو جلد مکمل کیا جائے گا، شہریوں کو صحت تعلیم اور روزگار کی سہولیات فراہم کرنا ہماری ذمہ داری ہے، پولیس نے کارروائی کرتے ہوئے ملزمان کو گرفتار کر کے مقدمہ درج کر لیا اور مزید تفتیش جاری ہے۔

━━━━━━━━━━━
چ
☆ چار نیوز ☆
34

اسلام آباد (چار نیوز) وزیر اعظم نے کہا ہے کہ ملک کی ترقی اور خوشحالی کے لیے تمام اداروں کو مل کر کام کرنا ہوگا اور عوام کو ریلیف فراہم کرنا حکومت کی اولین ترجیح ہے، انہوں نے کہا کہ معیشت کی بہتری کے لیے سخت فیصلے کیے گئے ہیں جن کے مثبت نتائج سامنے آ رہے ہیں اور آنے والے دنوں میں مہنگائی میں مزید کمی ہوگی، اجلاس میں وفاقی وزراء اور اعلیٰ حکام نے شرکت کی اور مختلف امور پر تفصیلی تبادلہ خیال کیا گیا۔ لاہور میں پریس کانفرنس سے خطاب کرتے ہوئے انہوں نے کہا کہ صوبائی حکومت عوامی مسائل کے حل کے لیے دن رات کوشاں ہے اور ترقیاتی منصوبوں کو جلد مکمل کیا جائے گا، شہریوں کو صحت تعلیم اور روزگار کی سہولیات فراہم کرنا ہماری ذمہ داری ہے، پولیس نے کارروائی کرتے ہوئے ملزمان کو گرفتار کر کے مقدمہ درج کر لیا اور مزید تفتیش جاری ہے۔

اسلام آباد (چار نیوز) وزیر اعظم نے کہا ہے کہ ملک کی ترقی اور خوشحالی کے لیے تمام اداروں کو مل کر کام کرنا ہوگا اور عوام کو ریلیف فراہم کرنا حکومت کی اولین ترجیح ہے، انہوں نے کہا کہ معیشت کی بہتری کے لیے سخت فیصلے کیے گئے ہیں جن کے مثبت نتائج سامنے آ رہے ہیں اور آنے والے دنوں میں مہنگائی میں مزید کمی ہوگی، اجلاس میں وفاقی وزراء اور اعلیٰ حکام نے شرکت کی اور مختلف امور پر تفصیلی تبادلہ خیال کیا گیا۔ لاہور میں پریس کانفرنس سے خطاب کرتے ہوئے انہوں نے کہا کہ صوبائی حکومت عوامی مسائل کے حل کے لیے دن رات کوشاں ہے اور ترقیاتی منصوبوں کو جلد مکمل کیا جائے گا، شہریوں کو صحت تعلیم اور روزگار کی سہولیات فراہم کرنا ہماری ذمہ داری ہے، پولیس نے کارروائی کرتے ہوئے ملزمان کو گرفتار کر کے مقدمہ درج کر لیا اور مزید تفتیش جاری ہے۔

━━━━━━━━━━━
چ
☆ چار نیوز ☆
35

اسلام آباد (چار نیوز) وزیر اعظم نے کہا ہے کہ ملک کی ترقی اور خوشحالی کے لیے تمام اداروں کو مل کر کام کرنا ہوگا اور عوام کو ریلیف فراہم کرنا حکومت کی اولین ترجیح ہے، انہوں نے کہا کہ معیشت کی بہتری کے لیے سخت فیصلے کیے گئے ہیں جن کے مثبت نتائج سامنے آ رہے ہیں اور آنے والے دنوں میں مہنگائی میں مزید کمی ہوگی، اجلاس میں وفاقی وزراء اور اعلیٰ حکام نے شرکت کی اور مختلف امور پر تفصیلی تبادلہ خیال کیا گیا۔ لاہور میں پریس کانفرنس سے خطاب کرتے ہوئے انہوں نے کہا کہ صوبائی حکومت عوامی مسائل کے حل کے لیے دن رات کوشاں ہے اور ترقیاتی منصوبوں کو جلد مکمل کیا جائے گا، شہریوں کو صحت تعلیم اور روزگار کی سہولیات فراہم کرنا ہماری ذمہ داری ہے، پولیس نے کارروائی کرتے ہوئے ملزمان کو گرفتار کر کے مقدمہ درج کر لیا اور مزید تفتیش جاری ہے۔

━━━━━━━━━━━
چ
☆ چار نیوز ☆
36

اسلام آباد (چار نیوز) وزیر اعظم نے کہا ہے کہ ملک کی ترقی اور خوشحالی کے لیے تمام اداروں کو مل کر کام کرنا ہوگا اور عوام کو ریلیف فراہم کرنا حکومت کی اولین ترجیح ہے، انہوں نے کہا کہ معیشت کی بہتری کے لیے سخت فیصلے کیے گئے ہیں جن کے مثبت نتائج سامنے آ رہے ہیں اور آنے والے دنوں میں مہنگائی میں مزید کمی ہوگی، اجلاس میں وفاقی وزراء اور اعلیٰ حکام نے شرکت کی اور مختلف امور پر تفصیلی تبادلہ خیال کیا گیا۔ لاہور میں پریس کانفرنس سے خطاب کرتے ہوئے انہوں نے کہا کہ صوبائی حکومت عوامی مسائل کے حل کے لیے دن رات کوشاں ہے اور ترقیاتی منصوبوں کو جلد مکمل کیا جائے گا، شہریوں کو صحت تعلیم اور روزگار کی سہولیات فراہم کرنا ہماری ذمہ داری ہے، پولیس نے کارروائی کرتے ہوئے ملزمان کو گرفتار کر کے مقدمہ درج کر لیا اور مزید تفتیش جاری ہے۔

━━━━━━━━━━━
چ
☆ چار نیوز ☆
37

اسلام آباد (چار نیوز) وزیر اعظم نے کہا ہے کہ ملک کی ترقی اور خوشحالی کے لیے تمام اداروں کو مل کر کام کرنا ہوگا اور عوام کو ریلیف فراہم کرنا حکومت کی اولین ترجیح ہے، انہوں نے کہا کہ معیشت کی بہتری کے لیے سخت فیصلے کیے گئے ہیں جن کے مثبت نتائج سامنے آ رہے ہیں اور آنے والے دنوں میں مہنگائی میں مزید کمی ہوگی، اجلاس میں وفاقی وزراء اور اعلیٰ حکام نے شرکت کی اور مختلف امور پر تفصیلی تبادلہ خیال کیا گیا۔ لاہور میں پریس کانفرنس سے خطاب کرتے ہوئے انہوں نے کہا کہ صوبائی حکومت عوامی مسائل کے حل کے لیے دن رات کوشاں ہے اور ترقیاتی منصوبوں کو جلد مکمل کیا جائے گا، شہریوں کو صحت تعلیم اور روزگار کی سہولیات فراہم کرنا ہماری ذمہ داری ہے، پولیس نے کارروائی کرتے ہوئے ملزمان کو گرفتار کر کے مقدمہ درج کر لیا اور مزید تفتیش جاری ہے۔

━━━━━━━━━━━
چ
☆ چار نیوز ☆
38

اسلام آباد (چار نیوز) وزیر اعظم نے کہا ہے کہ ملک کی ترقی اور خوشحالی کے لیے تمام اداروں کو مل کر کام کرنا ہوگا اور عوام کو ریلیف فراہم کرنا حکومت کی اولین ترجیح ہے، انہوں نے کہا کہ معیشت کی بہتری کے لیے سخت فیصلے کیے گئے ہیں جن کے مثبت نتائج سامنے آ رہے ہیں اور آنے والے دنوں میں مہنگائی میں مزید کمی ہوگی، اجلاس میں وفاقی وزراء اور اعلیٰ حکام نے شرکت کی اور مختلف امور پر تفصیلی تبادلہ خیال کیا گیا۔ لاہور میں پریس کانفرنس سے خطاب کرتے ہوئے انہوں نے کہا کہ صوبائی حکومت عوامی مسائل کے حل کے لیے دن رات کوشاں ہے اور ترقیاتی منصوبوں کو جلد مکمل کیا جائے گا، شہریوں کو صحت تعلیم اور روزگار کی سہولیات فراہم کرنا ہماری ذمہ داری ہے، پولیس نے کارروائی کرتے ہوئے ملزمان کو گرفتار کر کے مقدمہ درج کر لیا اور مزید تفتیش جاری ہے۔

━━━━━━━━━━━
چ
☆ چار نیوز ☆
39

اسلام آباد (چار نیوز) وزیر اعظم نے کہا ہے کہ ملک کی ترقی اور خوشحالی کے لیے تمام اداروں کو مل کر کام کرنا ہوگا اور عوام کو ریلیف فراہم کرنا حکومت کی اولین ترجیح ہے، انہوں نے کہا کہ معیشت کی بہتری کے لیے سخت فیصلے کیے گئے ہیں جن کے مثبت نتائج سامنے آ رہے ہیں اور آنے والے دنوں میں مہنگائی میں مزید کمی ہوگی، اجلاس میں وفاقی وزراء اور اعلیٰ حکام نے شرکت کی اور مختلف امور پر تفصیلی تبادلہ خیال کیا گیا۔ لاہور میں پریس کانفرنس سے خطاب کرتے ہوئے انہوں نے کہا کہ صوبائی حکومت عوامی مسائل کے حل کے لیے دن رات کوشاں ہے اور ترقیاتی منصوبوں کو جلد مکمل کیا جائے گا، شہریوں کو صحت تعلیم اور روزگار کی سہولیات فراہم کرنا ہماری ذمہ داری ہے، پولیس نے کارروائی کرتے ہوئے ملزمان کو گرفتار کر کے مقدمہ درج کر لیا اور مزید تفتیش جاری ہے۔

اسلام آباد (چار نیوز) وزیر اعظم نے کہا ہے کہ ملک کی ترقی اور خوشحالی کے لیے تمام اداروں کو مل کر کام کرنا ہوگا اور عوام کو ریلیف فراہم کرنا حکومت کی اولین ترجیح ہے، انہوں نے کہا کہ معیشت کی بہتری کے لیے سخت فیصلے کیے گئے ہیں جن کے مثبت نتائج سامنے آ رہے ہیں اور آنے والے دنوں میں مہنگائی میں مزید کمی ہوگی، اجلاس میں وفاقی وزراء اور اعلیٰ حکام نے شرکت کی اور مختلف امور پر تفصیلی تبادلہ خیال کیا گیا۔ لاہور میں پریس کانفرنس سے خطاب کرتے ہوئے انہوں نے کہا کہ صوبائی حکومت عوامی مسائل کے حل کے لیے دن رات کوشاں ہے اور ترقیاتی منصوبوں کو جلد مکمل کیا جائے گا، شہریوں کو صحت تعلیم اور روزگار کی سہولیات فراہم کرنا ہماری ذمہ داری ہے، پولیس نے کارروائی کرتے ہوئے ملزمان کو گرفتار کر کے مقدمہ درج کر لیا اور مزید تفتیش جاری ہے۔

━━━━━━━━━━━
چ
☆ چار نیوز ☆
40

اسلام آباد (چار نیوز) وزیر اعظم نے کہا ہے کہ ملک کی ترقی اور خوشحالی کے لیے تمام اداروں کو مل کر کام کرنا ہوگا اور عوام کو ریلیف فراہم کرنا حکومت کی اولین ترجیح ہے، انہوں نے کہا کہ معیشت کی بہتری کے لیے سخت فیصلے کیے گئے ہیں جن کے مثبت نتائج سامنے آ رہے ہیں اور آنے والے دنوں میں مہنگائی میں مزید کمی ہوگی، اجلاس میں وفاقی وزراء اور اعلیٰ حکام نے شرکت کی اور مختلف امور پر تفصیلی تبادلہ خیال کیا گیا۔ لاہور میں پریس کانفرنس سے خطاب کرتے ہوئے انہوں نے کہا کہ صوبائی حکومت عوامی مسائل کے حل کے لیے دن رات کوشاں ہے اور ترقیاتی منصوبوں کو جلد مکمل کیا جائے گا، شہریوں کو صحت تعلیم اور روزگار کی سہولیات فراہم کرنا ہماری ذمہ داری ہے، پولیس نے کارروائی کرتے ہوئے ملزمان کو گرفتار کر کے مقدمہ درج کر لیا اور مزید تفتیش جاری ہے۔

اسلام آباد (چار نیوز) وزیر اعظم نے کہا ہے کہ ملک کی ترقی اور خوشحالی کے لیے تمام اداروں کو مل کر کام کرنا ہوگا اور عوام کو ریلیف فراہم کرنا حکومت کی اولین ترجیح ہے، انہوں نے کہا کہ معیشت کی بہتری کے لیے سخت فیصلے کیے گئے ہیں جن کے مثبت نتائج سامنے آ رہے ہیں اور آنے والے دنوں میں مہنگائی میں مزید کمی ہوگی، اجلاس میں وفاقی وزراء اور اعلیٰ حکام نے شرکت کی اور مختلف امور پر تفصیلی تبادلہ خیال کیا گیا۔ لاہور میں پریس کانفرنس سے خطاب کرتے ہوئے انہوں نے کہا کہ صوبائی حکومت عوامی مسائل کے حل کے لیے دن رات کوشاں ہے اور ترقیاتی منصوبوں کو جلد مکمل کیا جائے گا، شہریوں کو صحت تعلیم اور روزگار کی سہولیات فراہم کرنا ہماری ذمہ داری ہے، پولیس نے کارروائی کرتے ہوئے ملزمان کو گرفتار کر کے مقدمہ درج کر لیا اور مزید تفتیش جاری ہے۔

اسلام آباد (چار نیوز) وزیر اعظم نے کہا ہے کہ ملک کی ترقی اور خوشحالی کے لیے تمام اداروں کو مل کر کام کرنا ہوگا اور عوام کو ریلیف فراہم کرنا حکومت کی اولین ترجیح ہے، انہوں نے کہا کہ معیشت کی بہتری کے لیے سخت فیصلے کیے گئے ہیں جن کے مثبت نتائج سامنے آ رہے ہیں اور آنے والے دنوں میں مہنگائی میں مزید کمی ہوگی، اجلاس میں وفاقی وزراء اور اعلیٰ حکام نے شرکت کی اور مختلف امور پر تفصیلی تبادلہ خیال کیا گیا۔ لاہور میں پریس کانفرنس سے خطاب کرتے ہوئے انہوں نے کہا کہ صوبائی حکومت عوامی مسائل کے حل کے لیے دن رات کوشاں ہے اور ترقیاتی منصوبوں کو جلد مکمل کیا جائے گا، شہریوں کو صحت تعلیم اور روزگار کی سہولیات فراہم کرنا ہماری ذمہ داری ہے، پولیس نے کارروائی کرتے ہوئے ملزمان کو گرفتار کر کے مقدمہ درج کر لیا اور مزید تفتیش جاری ہے۔

━━━━━━━━━━━
چ
☆ چار نیوز ☆
22

اسلام آباد (چار نیوز) وزیر اعظم نے کہا ہے کہ ملک کی ترقی اور خوشحالی کے لیے تمام اداروں کو مل کر کام کرنا ہوگا اور عوام کو ریلیف فراہم کرنا حکومت کی اولین ترجیح ہے، انہوں نے کہا کہ معیشت کی بہتری کے لیے سخت فیصلے کیے گئے ہیں جن کے مثبت نتائج سامنے آ رہے ہیں اور آنے والے دنوں میں مہنگائی میں مزید کمی ہوگی، اجلاس میں وفاقی وزراء اور اعلیٰ حکام نے شرکت کی اور مختلف امور پر تفصیلی تبادلہ خیال کیا گیا۔ لاہور میں پریس کانفرنس سے خطاب کرتے ہوئے انہوں نے کہا کہ صوبائی حکومت عوامی مسائل کے حل کے لیے دن رات کوشاں ہے اور ترقیاتی منصوبوں کو جلد مکمل کیا جائے گا، شہریوں کو صحت تعلیم اور روزگار کی سہولیات فراہم کرنا ہماری ذمہ داری ہے، پولیس نے کارروائی کرتے ہوئے ملزمان کو گرفتار کر کے مقدمہ درج کر لیا اور مزید تفتیش جاری ہے۔

اسلام آباد (چار نیوز) وزیر اعظم نے کہا ہے کہ ملک کی ترقی اور خوشحالی کے لیے تمام اداروں کو مل کر کام کرنا ہوگا اور عوام کو ریلیف فراہم کرنا حکومت کی اولین ترجیح ہے، انہوں نے کہا کہ معیشت کی بہتری کے لیے سخت فیصلے کیے گئے ہیں جن کے مثبت نتائج سامنے آ رہے ہیں اور آنے والے دنوں میں مہنگائی میں مزید کمی ہوگی، اجلاس میں وفاقی وزراء اور اعلیٰ حکام نے شرکت کی اور مختلف امور پر تفصیلی تبادلہ خیال کیا گیا۔ لاہور میں پریس کانفرنس سے خطاب کرتے ہوئے انہوں نے کہا کہ صوبائی حکومت عوامی مسائل کے حل کے لیے دن رات کوشاں ہے اور ترقیاتی منصوبوں کو جلد مکمل کیا جائے گا، شہریوں کو صحت تعلیم اور روزگار کی سہولیات فراہم کرنا ہماری ذمہ داری ہے، پولیس نے کارروائی کرتے ہوئے ملزمان کو گرفتار کر کے مقدمہ درج کر لیا اور مزید تفتیش جاری ہے۔

━━━━━━━━━━━
چ
☆ چار نیوز ☆
23

اسلام آباد (چار نیوز) وزیر اعظم نے کہا ہے کہ ملک کی ترقی اور خوشحالی کے لیے تمام اداروں کو مل کر کام کرنا ہوگا اور عوام کو ریلیف فراہم کرنا حکومت کی اولین ترجیح ہے، انہوں نے کہا کہ معیشت کی بہتری کے لیے سخت فیصلے کیے گئے ہیں جن کے مثبت نتائج سامنے آ رہے ہیں اور آنے والے دنوں میں مہنگائی میں مزید کمی ہوگی، اجلاس میں وفاقی وزراء اور اعلیٰ حکام نے شرکت کی اور مختلف امور پر تفصیلی تبادلہ خیال کیا گیا۔ لاہور میں پریس کانفرنس سے خطاب کرتے ہوئے انہوں نے کہا کہ صوبائی حکومت عوامی مسائل کے حل کے لیے دن رات کوشاں ہے اور ترقیاتی منصوبوں کو جلد مکمل کیا جائے گا، شہریوں کو صحت تعلیم اور روزگار کی سہولیات فراہم کرنا ہماری ذمہ داری ہے، پولیس نے کارروائی کرتے ہوئے ملزمان کو گرفتار کر کے مقدمہ درج کر لیا اور مزید تفتیش جاری ہے۔

اسلام آباد (چار نیوز) وزیر اعظم نے کہا ہے کہ ملک کی ترقی اور خوشحالی کے لیے تمام اداروں کو مل کر کام کرنا ہوگا اور عوام کو ریلیف فراہم کرنا حکومت کی اولین ترجیح ہے، انہوں نے کہا کہ معیشت کی بہتری کے لیے سخت فیصلے کیے گئے ہیں جن کے مثبت نتائج سامنے آ رہے ہیں اور آنے والے دنوں میں مہنگائی میں مزید کمی ہوگی، اجلاس میں وفاقی وزراء اور اعلیٰ حکام نے شرکت کی اور مختلف امور پر تفصیلی تبادلہ خیال کیا گیا۔ لاہور میں پریس کانفرنس سے خطاب کرتے ہوئے انہوں نے کہا کہ صوبائی حکومت عوامی مسائل کے حل کے لیے دن رات کوشاں ہے اور ترقیاتی منصوبوں کو جلد مکمل کیا جائے گا، شہریوں کو صحت تعلیم اور روزگار کی سہولیات فراہم کرنا ہماری ذمہ داری ہے، پولیس نے کارروائی کرتے ہوئے ملزمان کو گرفتار کر کے مقدمہ درج کر لیا اور مزید تفتیش جاری ہے۔

اسلام آباد (چار نیوز) وزیر اعظم نے کہا ہے کہ ملک کی ترقی اور خوشحالی کے لیے تمام اداروں کو مل کر کام کرنا ہوگا اور عوام کو ریلیف فراہم کرنا حکومت کی اولین ترجیح ہے، انہوں نے کہا کہ معیشت کی بہتری کے لیے سخت فیصلے کیے گئے ہیں جن کے مثبت نتائج سامنے آ رہے ہیں اور آنے والے دنوں میں مہنگائی میں مزید کمی ہوگی، اجلاس میں وفاقی وزراء اور اعلیٰ حکام نے شرکت کی اور مختلف امور پر تفصیلی تبادلہ خیال کیا گیا۔ لاہور میں پریس کانفرنس سے خطاب کرتے ہوئے انہوں نے کہا کہ صوبائی حکومت عوامی مسائل کے حل کے لیے دن رات کوشاں ہے اور ترقیاتی منصوبوں کو جلد مکمل کیا جائے گا، شہریوں کو صحت تعلیم اور روزگار کی سہولیات فراہم کرنا ہماری ذمہ داری ہے، پولیس نے کارروائی کرتے ہوئے ملزمان کو گرفتار کر کے مقدمہ درج کر لیا اور مزید تفتیش جاری ہے۔

━━━━━━━━━━━
چ
☆ چار نیوز ☆
24

اسلام آباد (چار نیوز) وزیر اعظم نے کہا ہے کہ ملک کی ترقی اور خوشحالی کے لیے تمام اداروں کو مل کر کام کرنا ہوگا اور عوام کو ریلیف فراہم کرنا حکومت کی اولین ترجیح ہے، انہوں نے کہا کہ معیشت کی بہتری کے لیے سخت فیصلے کیے گئے ہیں جن کے مثبت نتائج سامنے آ رہے ہیں اور آنے والے دنوں میں مہنگائی میں مزید کمی ہوگی، اجلاس میں وفاقی وزراء اور اعلیٰ حکام نے شرکت کی اور مختلف امور پر تفصیلی تبادلہ خیال کیا گیا۔ لاہور میں پریس کانفرنس سے خطاب کرتے ہوئے انہوں نے کہا کہ صوبائی حکومت عوامی مسائل کے حل کے لیے دن رات کوشاں ہے اور ترقیاتی منصوبوں کو جلد مکمل کیا جائے گا، شہریوں کو صحت تعلیم اور روزگار کی سہولیات فراہم کرنا ہماری ذمہ داری ہے، پولیس نے کارروائی کرتے ہوئے ملزمان کو گرفتار کر کے مقدمہ درج کر لیا اور مزید تفتیش جاری ہے۔

━━━━━━━━━━━
چ
☆ چار نیوز ☆
25

اسلام آباد (چار نیوز) وزیر اعظم نے کہا ہے کہ ملک کی ترقی اور خوشحالی کے لیے تمام اداروں کو مل کر کام کرنا ہوگا اور عوام کو ریلیف فراہم کرنا حکومت کی اولین ترجیح ہے، انہوں نے کہا کہ معیشت کی بہتری کے لیے سخت فیصلے کیے گئے ہیں جن کے مثبت نتائج سامنے آ رہے ہیں اور آنے والے دنوں میں مہنگائی میں مزید کمی ہوگی، اجلاس میں وفاقی وزراء اور اعلیٰ حکام نے شرکت کی اور مختلف امور پر تفصیلی تبادلہ خیال کیا گیا۔ لاہور میں پریس کانفرنس سے خطاب کرتے ہوئے انہوں نے کہا کہ صوبائی حکومت عوامی مسائل کے حل کے لیے دن رات کوشاں ہے اور ترقیاتی منصوبوں کو جلد مکمل کیا جائے گا، شہریوں کو صحت تعلیم اور روزگار کی سہولیات فراہم کرنا ہماری ذمہ داری ہے، پولیس نے کارروائی کرتے ہوئے ملزمان کو گرفتار کر کے مقدمہ درج کر لیا اور مزید تفتیش جاری ہے۔

━━━━━━━━━━━
چ
☆ چار نیوز ☆
26

اسلام آباد (چار نیوز) وزیر اعظم نے کہا ہے کہ ملک کی ترقی اور خوشحالی کے لیے تمام اداروں کو مل کر کام کرنا ہوگا اور عوام کو ریلیف فراہم کرنا حکومت کی اولین ترجیح ہے، انہوں نے کہا کہ معیشت کی بہتری کے لیے سخت فیصلے کیے گئے ہیں جن کے مثبت نتائج سامنے آ رہے ہیں اور آنے والے دنوں میں مہنگائی میں مزید کمی ہوگی، اجلاس میں وفاقی وزراء اور اعلیٰ حکام نے شرکت کی اور مختلف امور پر تفصیلی تبادلہ خیال کیا گیا۔ لاہور میں پریس کانفرنس سے خطاب کرتے ہوئے انہوں نے کہا کہ صوبائی حکومت عوامی مسائل کے حل کے لیے دن رات کوشاں ہے اور ترقیاتی منصوبوں کو جلد مکمل کیا جائے گا، شہریوں کو صحت تعلیم اور روزگار کی سہولیات فراہم کرنا ہماری ذمہ داری ہے، پولیس نے کارروائی کرتے ہوئے ملزمان کو گرفتار کر کے مقدمہ درج کر لیا اور مزید تفتیش جاری ہے۔

اسلام آباد (چار نیوز) وزیر اعظم نے کہا ہے کہ ملک کی ترقی اور خوشحالی کے لیے تمام اداروں کو مل کر کام کرنا ہوگا اور عوام کو ریلیف فراہم کرنا حکومت کی اولین ترجیح ہے، انہوں نے کہا کہ معیشت کی بہتری کے لیے سخت فیصلے کیے گئے ہیں جن کے مثبت نتائج سامنے آ رہے ہیں اور آنے والے دنوں میں مہنگائی میں مزید کمی ہوگی، اجلاس میں وفاقی وزراء اور اعلیٰ حکام نے شرکت کی اور مختلف امور پر تفصیلی تبادلہ خیال کیا گیا۔ لاہور میں پریس کانفرنس سے خطاب کرتے ہوئے انہوں نے کہا کہ صوبائی حکومت عوامی مسائل کے حل کے لیے دن رات کوشاں ہے اور ترقیاتی منصوبوں کو جلد مکمل کیا جائے گا، شہریوں کو صحت تعلیم اور روزگار کی سہولیات فراہم کرنا ہماری ذمہ داری ہے، پولیس نے کارروائی کرتے ہوئے ملزمان کو گرفتار کر کے مقدمہ درج کر لیا اور مزید تفتیش جاری ہے۔

━━━━━━━━━━━
چ
☆ چار نیوز ☆
27

اسلام آباد (چار نیوز) وزیر اعظم نے کہا ہے کہ ملک کی ترقی اور خوشحالی کے لیے تمام اداروں کو مل کر کام کرنا ہوگا اور عوام کو ریلیف فراہم کرنا حکومت کی اولین ترجیح ہے، انہوں نے کہا کہ معیشت کی بہتری کے لیے سخت فیصلے کیے گئے ہیں جن کے مثبت نتائج سامنے آ رہے ہیں اور آنے والے دنوں میں مہنگائی میں مزید کمی ہوگی، اجلاس میں وفاقی وزراء اور اعلیٰ حکام نے شرکت کی اور مختلف امور پر تفصیلی تبادلہ خیال کیا گیا۔ لاہور میں پریس کانفرنس سے خطاب کرتے ہوئے انہوں نے کہا کہ صوبائی حکومت عوامی مسائل کے حل کے لیے دن رات کوشاں ہے اور ترقیاتی منصوبوں کو جلد مکمل کیا جائے گا، شہریوں کو صحت تعلیم اور روزگار کی سہولیات فراہم کرنا ہماری ذمہ داری ہے، پولیس نے کارروائی کرتے ہوئے ملزمان کو گرفتار کر کے مقدمہ درج کر لیا اور مزید تفتیش جاری ہے۔

━━━━━━━━━━━
چ
☆ چار نیوز ☆
28

اسلام آباد (چار نیوز) وزیر اعظم نے کہا ہے کہ ملک کی ترقی اور خوشحالی کے لیے تمام اداروں کو مل کر کام کرنا ہوگا اور عوام کو ریلیف فراہم کرنا حکومت کی اولین ترجیح ہے، انہوں نے کہا کہ معیشت کی بہتری کے لیے سخت فیصلے کیے گئے ہیں جن کے مثبت نتائج سامنے آ رہے ہیں اور آنے والے دنوں میں مہنگائی میں مزید کمی ہوگی، اجلاس میں وفاقی وزراء اور اعلیٰ حکام نے شرکت کی اور مختلف امور پر تفصیلی تبادلہ خیال کیا گیا۔ لاہور میں پریس کانفرنس سے خطاب کرتے ہوئے انہوں نے کہا کہ صوبائی حکومت عوامی مسائل کے حل کے لیے دن رات کوشاں ہے اور ترقیاتی منصوبوں کو جلد مکمل کیا جائے گا، شہریوں کو صحت تعلیم اور روزگار کی سہولیات فراہم کرنا ہماری ذمہ داری ہے، پولیس نے کارروائی کرتے ہوئے ملزمان کو گرفتار کر کے مقدمہ درج کر لیا اور مزید تفتیش جاری ہے۔

اسلام آباد (چار نیوز) وزیر اعظم نے کہا ہے کہ ملک کی ترقی اور خوشحالی کے لیے تمام اداروں کو مل کر کام کرنا ہوگا اور عوام کو ریلیف فراہم کرنا حکومت کی اولین ترجیح ہے، انہوں نے کہا کہ معیشت کی بہتری کے لیے سخت فیصلے کیے گئے ہیں جن کے مثبت نتائج سامنے آ رہے ہیں اور آنے والے دنوں میں مہنگائی میں مزید کمی ہوگی، اجلاس میں وفاقی وزراء اور اعلیٰ حکام نے شرکت کی اور مختلف امور پر تفصیلی تبادلہ خیال کیا گیا۔ لاہور میں پریس کانفرنس سے خطاب کرتے ہوئے انہوں نے کہا کہ صوبائی حکومت عوامی مسائل کے حل کے لیے دن رات کوشاں ہے اور ترقیاتی منصوبوں کو جلد مکمل کیا جائے گا، شہریوں کو صحت تعلیم اور روزگار کی سہولیات فراہم کرنا ہماری ذمہ داری ہے، پولیس نے کارروائی کرتے ہوئے ملزمان کو گرفتار کر کے مقدمہ درج کر لیا اور مزید تفتیش جاری ہے۔

اسلام آباد (چار نیوز) وزیر اعظم نے کہا ہے کہ ملک کی ترقی اور خوشحالی کے لیے تمام اداروں کو مل کر کام کرنا ہوگا اور عوام کو ریلیف فراہم کرنا حکومت کی اولین ترجیح ہے، انہوں نے کہا کہ معیشت کی بہتری کے لیے سخت فیصلے کیے گئے ہیں جن کے مثبت نتائج سامنے آ رہے ہیں اور آنے والے دنوں میں مہنگائی میں مزید کمی ہوگی، اجلاس میں وفاقی وزراء اور اعلیٰ حکام نے شرکت کی اور مختلف امور پر تفصیلی تبادلہ خیال کیا گیا۔ لاہور میں پریس کانفرنس سے خطاب کرتے ہوئے انہوں نے کہا کہ صوبائی حکومت عوامی مسائل کے حل کے لیے دن رات کوشاں ہے اور ترقیاتی منصوبوں کو جلد مکمل کیا جائے گا، شہریوں کو صحت تعلیم اور روزگار کی سہولیات فراہم کرنا ہماری ذمہ داری ہے، پولیس نے کارروائی کرتے ہوئے ملزمان کو گرفتار کر کے مقدمہ درج کر لیا اور مزید تفتیش جاری ہے۔

━━━━━━━━━━━
چ
☆ چار نیوز ☆
15

اسلام آباد (چار نیوز) وزیر اعظم نے کہا ہے کہ ملک کی ترقی اور خوشحالی کے لیے تمام اداروں کو مل کر کام کرنا ہوگا اور عوام کو ریلیف فراہم کرنا حکومت کی اولین ترجیح ہے، انہوں نے کہا کہ معیشت کی بہتری کے لیے سخت فیصلے کیے گئے ہیں جن کے مثبت نتائج سامنے آ رہے ہیں اور آنے والے دنوں میں مہنگائی میں مزید کمی ہوگی، اجلاس میں وفاقی وزراء اور اعلیٰ حکام نے شرکت کی اور مختلف امور پر تفصیلی تبادلہ خیال کیا گیا۔ لاہور میں پریس کانفرنس سے خطاب کرتے ہوئے انہوں نے کہا کہ صوبائی حکومت عوامی مسائل کے حل کے لیے دن رات کوشاں ہے اور ترقیاتی منصوبوں کو جلد مکمل کیا جائے گا، شہریوں کو صحت تعلیم اور روزگار کی سہولیات فراہم کرنا ہماری ذمہ داری ہے، پولیس نے کارروائی کرتے ہوئے ملزمان کو گرفتار کر کے مقدمہ درج کر لیا اور مزید تفتیش جاری ہے۔

اسلام آباد (چار نیوز) وزیر اعظم نے کہا ہے کہ ملک کی ترقی اور خوشحالی کے لیے تمام اداروں کو مل کر کام کرنا ہوگا اور عوام کو ریلیف فراہم کرنا حکومت کی اولین ترجیح ہے، انہوں نے کہا کہ معیشت کی بہتری کے لیے سخت فیصلے کیے گئے ہیں جن کے مثبت نتائج سامنے آ رہے ہیں اور آنے والے دنوں میں مہنگائی میں مزید کمی ہوگی، اجلاس میں وفاقی وزراء اور اعلیٰ حکام نے شرکت کی اور مختلف امور پر تفصیلی تبادلہ خیال کیا گیا۔ لاہور میں پریس کانفرنس سے خطاب کرتے ہوئے انہوں نے کہا کہ صوبائی حکومت عوامی مسائل کے حل کے لیے دن رات کوشاں ہے اور ترقیاتی منصوبوں کو جلد مکمل کیا جائے گا، شہریوں کو صحت تعلیم اور روزگار کی سہولیات فراہم کرنا ہماری ذمہ داری ہے، پولیس نے کارروائی کرتے ہوئے ملزمان کو گرفتار کر کے مقدمہ درج کر لیا اور مزید تفتیش جاری ہے۔

━━━━━━━━━━━
چ
☆ چار نیوز ☆
16

اسلام آباد (چار نیوز) وزیر اعظم نے کہا ہے کہ ملک کی ترقی اور خوشحالی کے لیے تمام اداروں کو مل کر کام کرنا ہوگا اور عوام کو ریلیف فراہم کرنا حکومت کی اولین ترجیح ہے، انہوں نے کہا کہ معیشت کی بہتری کے لیے سخت فیصلے کیے گئے ہیں جن کے مثبت نتائج سامنے آ رہے ہیں اور آنے والے دنوں میں مہنگائی میں مزید کمی ہوگی، اجلاس میں وفاقی وزراء اور اعلیٰ حکام نے شرکت کی اور مختلف امور پر تفصیلی تبادلہ خیال کیا گیا۔ لاہور میں پریس کانفرنس سے خطاب کرتے ہوئے انہوں نے کہا کہ صوبائی حکومت عوامی مسائل کے حل کے لیے دن رات کوشاں ہے اور ترقیاتی منصوبوں کو جلد مکمل کیا جائے گا، شہریوں کو صحت تعلیم اور روزگار کی سہولیات فراہم کرنا ہماری ذمہ داری ہے، پولیس نے کارروائی کرتے ہوئے ملزمان کو گرفتار کر کے مقدمہ درج کر لیا اور مزید تفتیش جاری ہے۔

اسلام آباد (چار نیوز) وزیر اعظم نے کہا ہے کہ ملک کی ترقی اور خوشحالی کے لیے تمام اداروں کو مل کر کام کرنا ہوگا اور عوام کو ریلیف فراہم کرنا حکومت کی اولین ترجیح ہے، انہوں نے کہا کہ معیشت کی بہتری کے لیے سخت فیصلے کیے گئے ہیں جن کے مثبت نتائج سامنے آ رہے ہیں اور آنے والے دنوں میں مہنگائی میں مزید کمی ہوگی، اجلاس میں وفاقی وزراء اور اعلیٰ حکام نے شرکت کی اور مختلف امور پر تفصیلی تبادلہ خیال کیا گیا۔ لاہور میں پریس کانفرنس سے خطاب کرتے ہوئے انہوں نے کہا کہ صوبائی حکومت عوامی مسائل کے حل کے لیے دن رات کوشاں ہے اور ترقیاتی منصوبوں کو جلد مکمل کیا جائے گا، شہریوں کو صحت تعلیم اور روزگار کی سہولیات فراہم کرنا ہماری ذمہ داری ہے، پولیس نے کارروائی کرتے ہوئے ملزمان کو گرفتار کر کے مقدمہ درج کر لیا اور مزید تفتیش جاری ہے۔

━━━━━━━━━━━
چ
☆ چار نیوز ☆
17

اسلام آباد (چار نیوز) وزیر اعظم نے کہا ہے کہ ملک کی ترقی اور خوشحالی کے لیے تمام اداروں کو مل کر کام کرنا ہوگا اور عوام کو ریلیف فراہم کرنا حکومت کی اولین ترجیح ہے، انہوں نے کہا کہ معیشت کی بہتری کے لیے سخت فیصلے کیے گئے ہیں جن کے مثبت نتائج سامنے آ رہے ہیں اور آنے والے دنوں میں مہنگائی میں مزید کمی ہوگی، اجلاس میں وفاقی وزراء اور اعلیٰ حکام نے شرکت کی اور مختلف امور پر تفصیلی تبادلہ خیال کیا گیا۔ لاہور میں پریس کانفرنس سے خطاب کرتے ہوئے انہوں نے کہا کہ صوبائی حکومت عوامی مسائل کے حل کے لیے دن رات کوشاں ہے اور ترقیاتی منصوبوں کو جلد مکمل کیا جائے گا، شہریوں کو صحت تعلیم اور روزگار کی سہولیات فراہم کرنا ہماری ذمہ داری ہے، پولیس نے کارروائی کرتے ہوئے ملزمان کو گرفتار کر کے مقدمہ درج کر لیا اور مزید تفتیش جاری ہے۔

اسلام آباد (چار نیوز) وزیر اعظم نے کہا ہے کہ ملک کی ترقی اور خوشحالی کے لیے تمام اداروں کو مل کر کام کرنا ہوگا اور عوام کو ریلیف فراہم کرنا حکومت کی اولین ترجیح ہے، انہوں نے کہا کہ معیشت کی بہتری کے لیے سخت فیصلے کیے گئے ہیں جن کے مثبت نتائج سامنے آ رہے ہیں اور آنے والے دنوں میں مہنگائی میں مزید کمی ہوگی، اجلاس میں وفاقی وزراء اور اعلیٰ حکام نے شرکت کی اور مختلف امور پر تفصیلی تبادلہ خیال کیا گیا۔ لاہور میں پریس کانفرنس سے خطاب کرتے ہوئے انہوں نے کہا کہ صوبائی حکومت عوامی مسائل کے حل کے لیے دن رات کوشاں ہے اور ترقیاتی منصوبوں کو جلد مکمل کیا جائے گا، شہریوں کو صحت تعلیم اور روزگار کی سہولیات فراہم کرنا ہماری ذمہ داری ہے، پولیس نے کارروائی کرتے ہوئے ملزمان کو گرفتار کر کے مقدمہ درج کر لیا اور مزید تفتیش جاری ہے۔

━━━━━━━━━━━
چ
☆ چار نیوز ☆
18

اسلام آباد (چار نیوز) وزیر اعظم نے کہا ہے کہ ملک کی ترقی اور خوشحالی کے لیے تمام اداروں کو مل کر کام کرنا ہوگا اور عوام کو ریلیف فراہم کرنا حکومت کی اولین ترجیح ہے، انہوں نے کہا کہ معیشت کی بہتری کے لیے سخت فیصلے کیے گئے ہیں جن کے مثبت نتائج سامنے آ رہے ہیں اور آنے والے دنوں میں مہنگائی میں مزید کمی ہوگی، اجلاس میں وفاقی وزراء اور اعلیٰ حکام نے شرکت کی اور مختلف امور پر تفصیلی تبادلہ خیال کیا گیا۔ لاہور میں پریس کانفرنس سے خطاب کرتے ہوئے انہوں نے کہا کہ صوبائی حکومت عوامی مسائل کے حل کے لیے دن رات کوشاں ہے اور ترقیاتی منصوبوں کو جلد مکمل کیا جائے گا، شہریوں کو صحت تعلیم اور روزگار کی سہولیات فراہم کرنا ہماری ذمہ داری ہے، پولیس نے کارروائی کرتے ہوئے ملزمان کو گرفتار کر کے مقدمہ درج کر لیا اور مزید تفتیش جاری ہے۔

━━━━━━━━━━━
چ
☆ چار نیوز ☆
19

اسلام آباد (چار نیوز) وزیر اعظم نے کہا ہے کہ ملک کی ترقی اور خوشحالی کے لیے تمام اداروں کو مل کر کام کرنا ہوگا اور عوام کو ریلیف فراہم کرنا حکومت کی اولین ترجیح ہے، انہوں نے کہا کہ معیشت کی بہتری کے لیے سخت فیصلے کیے گئے ہیں جن کے مثبت نتائج سامنے آ رہے ہیں اور آنے والے دنوں میں مہنگائی میں مزید کمی ہوگی، اجلاس میں وفاقی وزراء اور اعلیٰ حکام نے شرکت کی اور مختلف امور پر تفصیلی تبادلہ خیال کیا گیا۔ لاہور میں پریس کانفرنس سے خطاب کرتے ہوئے انہوں نے کہا کہ صوبائی حکومت عوامی مسائل کے حل کے لیے دن رات کوشاں ہے اور ترقیاتی منصوبوں کو جلد مکمل کیا جائے گا، شہریوں کو صحت تعلیم اور روزگار کی سہولیات فراہم کرنا ہماری ذمہ داری ہے، پولیس نے کارروائی کرتے ہوئے ملزمان کو گرفتار کر کے مقدمہ درج کر لیا اور مزید تفتیش جاری ہے۔

━━━━━━━━━━━
چ
☆ چار نیوز ☆
20

اسلام آباد (چار نیوز) وزیر اعظم نے کہا ہے کہ ملک کی ترقی اور خوشحالی کے لیے تمام اداروں کو مل کر کام کرنا ہوگا اور عوام کو ریلیف فراہم کرنا حکومت کی اولین ترجیح ہے، انہوں نے کہا کہ معیشت کی بہتری کے لیے سخت فیصلے کیے گئے ہیں جن کے مثبت نتائج سامنے آ رہے ہیں اور آنے والے دنوں میں مہنگائی میں مزید کمی ہوگی، اجلاس میں وفاقی وزراء اور اعلیٰ حکام نے شرکت کی اور مختلف امور پر تفصیلی تبادلہ خیال کیا گیا۔ لاہور میں پریس کانفرنس سے خطاب کرتے ہوئے انہوں نے کہا کہ صوبائی حکومت عوامی مسائل کے حل کے لیے دن رات کوشاں ہے اور ترقیاتی منصوبوں کو جلد مکمل کیا جائے گا، شہریوں کو صحت تعلیم اور روزگار کی سہولیات فراہم کرنا ہماری ذمہ داری ہے، پولیس نے کارروائی کرتے ہوئے ملزمان کو گرفتار کر کے مقدمہ درج کر لیا اور مزید تفتیش جاری ہے۔

اسلام آباد (چار نیوز) وزیر اعظم نے کہا ہے کہ ملک کی ترقی اور خوشحالی کے لیے تمام اداروں کو مل کر کام کرنا ہوگا اور عوام کو ریلیف فراہم کرنا حکومت کی اولین ترجیح ہے، انہوں نے کہا کہ معیشت کی بہتری کے لیے سخت فیصلے کیے گئے ہیں جن کے مثبت نتائج سامنے آ رہے ہیں اور آنے والے دنوں میں مہنگائی میں مزید کمی ہوگی، اجلاس میں وفاقی وزراء اور اعلیٰ حکام نے شرکت کی اور مختلف امور پر تفصیلی تبادلہ خیال کیا گیا۔ لاہور میں پریس کانفرنس سے خطاب کرتے ہوئے انہوں نے کہا کہ صوبائی حکومت عوامی مسائل کے حل کے لیے دن رات کوشاں ہے اور ترقیاتی منصوبوں کو جلد مکمل کیا جائے گا، شہریوں کو صحت تعلیم اور روزگار کی سہولیات فراہم کرنا ہماری ذمہ داری ہے، پولیس نے کارروائی کرتے ہوئے ملزمان کو گرفتار کر کے مقدمہ درج کر لیا اور مزید تفتیش جاری ہے۔

━━━━━━━━━━━
چ
☆ چار نیوز ☆
21

اسلام آباد (چار نیوز) وزیر اعظم نے کہا ہے کہ ملک کی ترقی اور خوشحالی کے لیے تمام اداروں کو مل کر کام کرنا ہوگا اور عوام کو ریلیف فراہم کرنا حکومت کی اولین ترجیح ہے، انہوں نے کہا کہ معیشت کی بہتری کے لیے سخت فیصلے کیے گئے ہیں جن کے مثبت نتائج سامنے آ رہے ہیں اور آنے والے دنوں میں مہنگائی میں مزید کمی ہوگی، اجلاس میں وفاقی وزراء اور اعلیٰ حکام نے شرکت کی اور مختلف امور پر تفصیلی تبادلہ خیال کیا گیا۔ لاہور میں پریس کانفرنس سے خطاب کرتے ہوئے انہوں نے کہا کہ صوبائی حکومت عوامی مسائل کے حل کے لیے دن رات کوشاں ہے اور ترقیاتی منصوبوں کو جلد مکمل کیا جائے گا، شہریوں کو صحت تعلیم اور روزگار کی سہولیات فراہم کرنا ہماری ذمہ داری ہے، پولیس نے کارروائی کرتے ہوئے ملزمان کو گرفتار کر کے مقدمہ درج کر لیا اور مزید تفتیش جاری ہے۔

اسلام آباد (چار نیوز) وزیر اعظم نے کہا ہے کہ ملک کی ترقی اور خوشحالی کے لیے تمام اداروں کو مل کر کام کرنا ہوگا اور عوام کو ریلیف فراہم کرنا حکومت کی اولین ترجیح ہے، انہوں نے کہا کہ معیشت کی بہتری کے لیے سخت فیصلے کیے گئے ہیں جن کے مثبت نتائج سامنے آ رہے ہیں اور آنے والے دنوں میں مہنگائی میں مزید کمی ہوگی، اجلاس میں وفاقی وزراء اور اعلیٰ حکام نے شرکت کی اور مختلف امور پر تفصیلی تبادلہ خیال کیا گیا۔ لاہور میں پریس کانفرنس سے خطاب کرتے ہوئے انہوں نے کہا کہ صوبائی حکومت عوامی مسائل کے حل کے لیے دن رات کوشاں ہے اور ترقیاتی منصوبوں کو جلد مکمل کیا جائے گا، شہریوں کو صحت تعلیم اور روزگار کی سہولیات فراہم کرنا ہماری ذمہ داری ہے، پولیس نے کارروائی کرتے ہوئے ملزمان کو گرفتار کر کے مقدمہ درج کر لیا اور مزید تفتیش جاری ہے۔

━━━━━━━━━━━
چ
☆ چار نیوز ☆
4

اسلام آباد (چار نیوز) وزیر اعظم نے کہا ہے کہ ملک کی ترقی اور خوشحالی کے لیے تمام اداروں کو مل کر کام کرنا ہوگا اور عوام کو ریلیف فراہم کرنا حکومت کی اولین ترجیح ہے، انہوں نے کہا کہ معیشت کی بہتری کے لیے سخت فیصلے کیے گئے ہیں جن کے مثبت نتائج سامنے آ رہے ہیں اور آنے والے دنوں میں مہنگائی میں مزید کمی ہوگی، اجلاس میں وفاقی وزراء اور اعلیٰ حکام نے شرکت کی اور مختلف امور پر تفصیلی تبادلہ خیال کیا گیا۔ لاہور میں پریس کانفرنس سے خطاب کرتے ہوئے انہوں نے کہا کہ صوبائی حکومت عوامی مسائل کے حل کے لیے دن رات کوشاں ہے اور ترقیاتی منصوبوں کو جلد مکمل کیا جائے گا، شہریوں کو صحت تعلیم اور روزگار کی سہولیات فراہم کرنا ہماری ذمہ داری ہے، پولیس نے کارروائی کرتے ہوئے ملزمان کو گرفتار کر کے مقدمہ درج کر لیا اور مزید تفتیش جاری ہے۔

━━━━━━━━━━━
چ
☆ چار نیوز ☆
5

اسلام آباد (چار نیوز) وزیر اعظم نے کہا ہے کہ ملک کی ترقی اور خوشحالی کے لیے تمام اداروں کو مل کر کام کرنا ہوگا اور عوام کو ریلیف فراہم کرنا حکومت کی اولین ترجیح ہے، انہوں نے کہا کہ معیشت کی بہتری کے لیے سخت فیصلے کیے گئے ہیں جن کے مثبت نتائج سامنے آ رہے ہیں اور آنے والے دنوں میں مہنگائی میں مزید کمی ہوگی، اجلاس میں وفاقی وزراء اور اعلیٰ حکام نے شرکت کی اور مختلف امور پر تفصیلی تبادلہ خیال کیا گیا۔ لاہور میں پریس کانفرنس سے خطاب کرتے ہوئے انہوں نے کہا کہ صوبائی حکومت عوامی مسائل کے حل کے لیے دن رات کوشاں ہے اور ترقیاتی منصوبوں کو جلد مکمل کیا جائے گا، شہریوں کو صحت تعلیم اور روزگار کی سہولیات فراہم کرنا ہماری ذمہ داری ہے، پولیس نے کارروائی کرتے ہوئے ملزمان کو گرفتار کر کے مقدمہ درج کر لیا اور مزید تفتیش جاری ہے۔

━━━━━━━━━━━
چ
☆ چار نیوز ☆
6

اسلام آباد (چار نیوز) وزیر اعظم نے کہا ہے کہ ملک کی ترقی اور خوشحالی کے لیے تمام اداروں کو مل کر کام کرنا ہوگا اور عوام کو ریلیف فراہم کرنا حکومت کی اولین ترجیح ہے، انہوں نے کہا کہ معیشت کی بہتری کے لیے سخت فیصلے کیے گئے ہیں جن کے مثبت نتائج سامنے آ رہے ہیں اور آنے والے دنوں میں مہنگائی میں مزید کمی ہوگی، اجلاس میں وفاقی وزراء اور اعلیٰ حکام نے شرکت کی اور مختلف امور پر تفصیلی تبادلہ خیال کیا گیا۔ لاہور میں پریس کانفرنس سے خطاب کرتے ہوئے انہوں نے کہا کہ صوبائی حکومت عوامی مسائل کے حل کے لیے دن رات کوشاں ہے اور ترقیاتی منصوبوں کو جلد مکمل کیا جائے گا، شہریوں کو صحت تعلیم اور روزگار کی سہولیات فراہم کرنا ہماری ذمہ داری ہے، پولیس نے کارروائی کرتے ہوئے ملزمان کو گرفتار کر کے مقدمہ درج کر لیا اور مزید تفتیش جاری ہے۔

اسلام آباد (چار نیوز) وزیر اعظم نے کہا ہے کہ ملک کی ترقی اور خوشحالی کے لیے تمام اداروں کو مل کر کام کرنا ہوگا اور عوام کو ریلیف فراہم کرنا حکومت کی اولین ترجیح ہے، انہوں نے کہا کہ معیشت کی بہتری کے لیے سخت فیصلے کیے گئے ہیں جن کے مثبت نتائج سامنے آ رہے ہیں اور آنے والے دنوں میں مہنگائی میں مزید کمی ہوگی، اجلاس میں وفاقی وزراء اور اعلیٰ حکام نے شرکت کی اور مختلف امور پر تفصیلی تبادلہ خیال کیا گیا۔ لاہور میں پریس کانفرنس سے خطاب کرتے ہوئے انہوں نے کہا کہ صوبائی حکومت عوامی مسائل کے حل کے لیے دن رات کوشاں ہے اور ترقیاتی منصوبوں کو جلد مکمل کیا جائے گا، شہریوں کو صحت تعلیم اور روزگار کی سہولیات فراہم کرنا ہماری ذمہ داری ہے، پولیس نے کارروائی کرتے ہوئے ملزمان کو گرفتار کر کے مقدمہ درج کر لیا اور مزید تفتیش جاری ہے۔

━━━━━━━━━━━
چ
☆ چار نیوز ☆
7

اسلام آباد (چار نیوز) وزیر اعظم نے کہا ہے کہ ملک کی ترقی اور خوشحالی کے لیے تمام اداروں کو مل کر کام کرنا ہوگا اور عوام کو ریلیف فراہم کرنا حکومت کی اولین ترجیح ہے، انہوں نے کہا کہ معیشت کی بہتری کے لیے سخت فیصلے کیے گئے ہیں جن کے مثبت نتائج سامنے آ رہے ہیں اور آنے والے دنوں میں مہنگائی میں مزید کمی ہوگی، اجلاس میں وفاقی وزراء اور اعلیٰ حکام نے شرکت کی اور مختلف امور پر تفصیلی تبادلہ خیال کیا گیا۔ لاہور میں پریس کانفرنس سے خطاب کرتے ہوئے انہوں نے کہا کہ صوبائی حکومت عوامی مسائل کے حل کے لیے دن رات کوشاں ہے اور ترقیاتی منصوبوں کو جلد مکمل کیا جائے گا، شہریوں کو صحت تعلیم اور روزگار کی سہولیات فراہم کرنا ہماری ذمہ داری ہے، پولیس نے کارروائی کرتے ہوئے ملزمان کو گرفتار کر کے مقدمہ درج کر لیا اور مزید تفتیش جاری ہے۔

━━━━━━━━━━━
چ
☆ چار نیوز ☆
8

اسلام آباد (چار نیوز) وزیر اعظم نے کہا ہے کہ ملک کی ترقی اور خوشحالی کے لیے تمام اداروں کو مل کر کام کرنا ہوگا اور عوام کو ریلیف فراہم کرنا حکومت کی اولین ترجیح ہے، انہوں نے کہا کہ معیشت کی بہتری کے لیے سخت فیصلے کیے گئے ہیں جن کے مثبت نتائج سامنے آ رہے ہیں اور آنے والے دنوں میں مہنگائی میں مزید کمی ہوگی، اجلاس میں وفاقی وزراء اور اعلیٰ حکام نے شرکت کی اور مختلف امور پر تفصیلی تبادلہ خیال کیا گیا۔ لاہور میں پریس کانفرنس سے خطاب کرتے ہوئے انہوں نے کہا کہ صوبائی حکومت عوامی مسائل کے حل کے لیے دن رات کوشاں ہے اور ترقیاتی منصوبوں کو جلد مکمل کیا جائے گا، شہریوں کو صحت تعلیم اور روزگار کی سہولیات فراہم کرنا ہماری ذمہ داری ہے، پولیس نے کارروائی کرتے ہوئے ملزمان کو گرفتار کر کے مقدمہ درج کر لیا اور مزید تفتیش جاری ہے۔

اسلام آباد (چار نیوز) وزیر اعظم نے کہا ہے کہ ملک کی ترقی اور خوشحالی کے لیے تمام اداروں کو مل کر کام کرنا ہوگا اور عوام کو ریلیف فراہم کرنا حکومت کی اولین ترجیح ہے، انہوں نے کہا کہ معیشت کی بہتری کے لیے سخت فیصلے کیے گئے ہیں جن کے مثبت نتائج سامنے آ رہے ہیں اور آنے والے دنوں میں مہنگائی میں مزید کمی ہوگی، اجلاس میں وفاقی وزراء اور اعلیٰ حکام نے شرکت کی اور مختلف امور پر تفصیلی تبادلہ خیال کیا گیا۔ لاہور میں پریس کانفرنس سے خطاب کرتے ہوئے انہوں نے کہا کہ صوبائی حکومت عوامی مسائل کے حل کے لیے دن رات کوشاں ہے اور ترقیاتی منصوبوں کو جلد مکمل کیا جائے گا، شہریوں کو صحت تعلیم اور روزگار کی سہولیات فراہم کرنا ہماری ذمہ داری ہے، پولیس نے کارروائی کرتے ہوئے ملزمان کو گرفتار کر کے مقدمہ درج کر لیا اور مزید تفتیش جاری ہے۔

━━━━━━━━━━━
چ
☆ چار نیوز ☆
9

اسلام آباد (چار نیوز) وزیر اعظم نے کہا ہے کہ ملک کی ترقی اور خوشحالی کے لیے تمام اداروں کو مل کر کام کرنا ہوگا اور عوام کو ریلیف فراہم کرنا حکومت کی اولین ترجیح ہے، انہوں نے کہا کہ معیشت کی بہتری کے لیے سخت فیصلے کیے گئے ہیں جن کے مثبت نتائج سامنے آ رہے ہیں اور آنے والے دنوں میں مہنگائی میں مزید کمی ہوگی، اجلاس میں وفاقی وزراء اور اعلیٰ حکام نے شرکت کی اور مختلف امور پر تفصیلی تبادلہ خیال کیا گیا۔ لاہور میں پریس کانفرنس سے خطاب کرتے ہوئے انہوں نے کہا کہ صوبائی حکومت عوامی مسائل کے حل کے لیے دن رات کوشاں ہے اور ترقیاتی منصوبوں کو جلد مکمل کیا جائے گا، شہریوں کو صحت تعلیم اور روزگار کی سہولیات فراہم کرنا ہماری ذمہ داری ہے، پولیس نے کارروائی کرتے ہوئے ملزمان کو گرفتار کر کے مقدمہ درج کر لیا اور مزید تفتیش جاری ہے۔

━━━━━━━━━━━
چ
☆ چار نیوز ☆
10

اسلام آباد (چار نیوز) وزیر اعظم نے کہا ہے کہ ملک کی ترقی اور خوشحالی کے لیے تمام اداروں کو مل کر کام کرنا ہوگا اور عوام کو ریلیف فراہم کرنا حکومت کی اولین ترجیح ہے، انہوں نے کہا کہ معیشت کی بہتری کے لیے سخت فیصلے کیے گئے ہیں جن کے مثبت نتائج سامنے آ رہے ہیں اور آنے والے دنوں میں مہنگائی میں مزید کمی ہوگی، اجلاس میں وفاقی وزراء اور اعلیٰ حکام نے شرکت کی اور مختلف امور پر تفصیلی تبادلہ خیال کیا گیا۔ لاہور میں پریس کانفرنس سے خطاب کرتے ہوئے انہوں نے کہا کہ صوبائی حکومت عوامی مسائل کے حل کے لیے دن رات کوشاں ہے اور ترقیاتی منصوبوں کو جلد مکمل کیا جائے گا، شہریوں کو صحت تعلیم اور روزگار کی سہولیات فراہم کرنا ہماری ذمہ داری ہے، پولیس نے کارروائی کرتے ہوئے ملزمان کو گرفتار کر کے مقدمہ درج کر لیا اور مزید تفتیش جاری ہے۔

اسلام آباد (چار نیوز) وزیر اعظم نے کہا ہے کہ ملک کی ترقی اور خوشحالی کے لیے تمام اداروں کو مل کر کام کرنا ہوگا اور عوام کو ریلیف فراہم کرنا حکومت کی اولین ترجیح ہے، انہوں نے کہا کہ معیشت کی بہتری کے لیے سخت فیصلے کیے گئے ہیں جن کے مثبت نتائج سامنے آ رہے ہیں اور آنے والے دنوں میں مہنگائی میں مزید کمی ہوگی، اجلاس میں وفاقی وزراء اور اعلیٰ حکام نے شرکت کی اور مختلف امور پر تفصیلی تبادلہ خیال کیا گیا۔ لاہور میں پریس کانفرنس سے خطاب کرتے ہوئے انہوں نے کہا کہ صوبائی حکومت عوامی مسائل کے حل کے لیے دن رات کوشاں ہے اور ترقیاتی منصوبوں کو جلد مکمل کیا جائے گا، شہریوں کو صحت تعلیم اور روزگار کی سہولیات فراہم کرنا ہماری ذمہ داری ہے، پولیس نے کارروائی کرتے ہوئے ملزمان کو گرفتار کر کے مقدمہ درج کر لیا اور مزید تفتیش جاری ہے۔

━━━━━━━━━━━
چ
☆ چار نیوز ☆
11

اسلام آباد (چار نیوز) وزیر اعظم نے کہا ہے کہ ملک کی ترقی اور خوشحالی کے لیے تمام اداروں کو مل کر کام کرنا ہوگا اور عوام کو ریلیف فراہم کرنا حکومت کی اولین ترجیح ہے، انہوں نے کہا کہ معیشت کی بہتری کے لیے سخت فیصلے کیے گئے ہیں جن کے مثبت نتائج سامنے آ رہے ہیں اور آنے والے دنوں میں مہنگائی میں مزید کمی ہوگی، اجلاس میں وفاقی وزراء اور اعلیٰ حکام نے شرکت کی اور مختلف امور پر تفصیلی تبادلہ خیال کیا گیا۔ لاہور میں پریس کانفرنس سے خطاب کرتے ہوئے انہوں نے کہا کہ صوبائی حکومت عوامی مسائل کے حل کے لیے دن رات کوشاں ہے اور ترقیاتی منصوبوں کو جلد مکمل کیا جائے گا، شہریوں کو صحت تعلیم اور روزگار کی سہولیات فراہم کرنا ہماری ذمہ داری ہے، پولیس نے کارروائی کرتے ہوئے ملزمان کو گرفتار کر کے مقدمہ درج کر لیا اور مزید تفتیش جاری ہے۔

اسلام آباد (چار نیوز) وزیر اعظم نے کہا ہے کہ ملک کی ترقی اور خوشحالی کے لیے تمام اداروں کو مل کر کام کرنا ہوگا اور عوام کو ریلیف فراہم کرنا حکومت کی اولین ترجیح ہے، انہوں نے کہا کہ معیشت کی بہتری کے لیے سخت فیصلے کیے گئے ہیں جن کے مثبت نتائج سامنے آ رہے ہیں اور آنے والے دنوں میں مہنگائی میں مزید کمی ہوگی، اجلاس میں وفاقی وزراء اور اعلیٰ حکام نے شرکت کی اور مختلف امور پر تفصیلی تبادلہ خیال کیا گیا۔ لاہور میں پریس کانفرنس سے خطاب کرتے ہوئے انہوں نے کہا کہ صوبائی حکومت عوامی مسائل کے حل کے لیے دن رات کوشاں ہے اور ترقیاتی منصوبوں کو جلد مکمل کیا جائے گا، شہریوں کو صحت تعلیم اور روزگار کی سہولیات فراہم کرنا ہماری ذمہ داری ہے، پولیس نے کارروائی کرتے ہوئے ملزمان کو گرفتار کر کے مقدمہ درج کر لیا اور مزید تفتیش جاری ہے۔

━━━━━━━━━━━
چ
☆ چار نیوز ☆
12

اسلام آباد (چار نیوز) وزیر اعظم نے کہا ہے کہ ملک کی ترقی اور خوشحالی کے لیے تمام اداروں کو مل کر کام کرنا ہوگا اور عوام کو ریلیف فراہم کرنا حکومت کی اولین ترجیح ہے، انہوں نے کہا کہ معیشت کی بہتری کے لیے سخت فیصلے کیے گئے ہیں جن کے مثبت نتائج سامنے آ رہے ہیں اور آنے والے دنوں میں مہنگائی میں مزید کمی ہوگی، اجلاس میں وفاقی وزراء اور اعلیٰ حکام نے شرکت کی اور مختلف امور پر تفصیلی تبادلہ خیال کیا گیا۔ لاہور میں پریس کانفرنس سے خطاب کرتے ہوئے انہوں نے کہا کہ صوبائی حکومت عوامی مسائل کے حل کے لیے دن رات کوشاں ہے اور ترقیاتی منصوبوں کو جلد مکمل کیا جائے گا، شہریوں کو صحت تعلیم اور روزگار کی سہولیات فراہم کرنا ہماری ذمہ داری ہے، پولیس نے کارروائی کرتے ہوئے ملزمان کو گرفتار کر کے مقدمہ درج کر لیا اور مزید تفتیش جاری ہے۔

اسلام آباد (چار نیوز) وزیر اعظم نے کہا ہے کہ ملک کی ترقی اور خوشحالی کے لیے تمام اداروں کو مل کر کام کرنا ہوگا اور عوام کو ریلیف فراہم کرنا حکومت کی اولین ترجیح ہے، انہوں نے کہا کہ معیشت کی بہتری کے لیے سخت فیصلے کیے گئے ہیں جن کے مثبت نتائج سامنے آ رہے ہیں اور آنے والے دنوں میں مہنگائی میں مزید کمی ہوگی، اجلاس میں وفاقی وزراء اور اعلیٰ حکام نے شرکت کی اور مختلف امور پر تفصیلی تبادلہ خیال کیا گیا۔ لاہور میں پریس کانفرنس سے خطاب کرتے ہوئے انہوں نے کہا کہ صوبائی حکومت عوامی مسائل کے حل کے لیے دن رات کوشاں ہے اور ترقیاتی منصوبوں کو جلد مکمل کیا جائے گا، شہریوں کو صحت تعلیم اور روزگار کی سہولیات فراہم کرنا ہماری ذمہ داری ہے، پولیس نے کارروائی کرتے ہوئے ملزمان کو گرفتار کر کے مقدمہ درج کر لیا اور مزید تفتیش جاری ہے۔

━━━━━━━━━━━
چ
☆ چار نیوز ☆
13

اسلام آباد (چار نیوز) وزیر اعظم نے کہا ہے کہ ملک کی ترقی اور خوشحالی کے لیے تمام اداروں کو مل کر کام کرنا ہوگا اور عوام کو ریلیف فراہم کرنا حکومت کی اولین ترجیح ہے، انہوں نے کہا کہ معیشت کی بہتری کے لیے سخت فیصلے کیے گئے ہیں جن کے مثبت نتائج سامنے آ رہے ہیں اور آنے والے دنوں میں مہنگائی میں مزید کمی ہوگی، اجلاس میں وفاقی وزراء اور اعلیٰ حکام نے شرکت کی اور مختلف امور پر تفصیلی تبادلہ خیال کیا گیا۔ لاہور میں پریس کانفرنس سے خطاب کرتے ہوئے انہوں نے کہا کہ صوبائی حکومت عوامی مسائل کے حل کے لیے دن رات کوشاں ہے اور ترقیاتی منصوبوں کو جلد مکمل کیا جائے گا، شہریوں کو صحت تعلیم اور روزگار کی سہولیات فراہم کرنا ہماری ذمہ داری ہے، پولیس نے کارروائی کرتے ہوئے ملزمان کو گرفتار کر کے مقدمہ درج کر لیا اور مزید تفتیش جاری ہے۔

━━━━━━━━━━━
چ
☆ چار نیوز ☆
14

اسلام آباد (چار نیوز) وزیر اعظم نے کہا ہے کہ ملک کی ترقی اور خوشحالی کے لیے تمام اداروں کو مل کر کام کرنا ہوگا اور عوام کو ریلیف فراہم کرنا حکومت کی اولین ترجیح ہے، انہوں نے کہا کہ معیشت کی بہتری کے لیے سخت فیصلے کیے گئے ہیں جن کے مثبت نتائج سامنے آ رہے ہیں اور آنے والے دنوں میں مہنگائی میں مزید کمی ہوگی، اجلاس میں وفاقی وزراء اور اعلیٰ حکام نے شرکت کی اور مختلف امور پر تفصیلی تبادلہ خیال کیا گیا۔ لاہور میں پریس کانفرنس سے خطاب کرتے ہوئے انہوں نے کہا کہ صوبائی حکومت عوامی مسائل کے حل کے لیے دن رات کوشاں ہے اور ترقیاتی منصوبوں کو جلد مکمل کیا جائے گا، شہریوں کو صحت تعلیم اور روزگار کی سہولیات فراہم کرنا ہماری ذمہ داری ہے، پولیس نے کارروائی کرتے ہوئے ملزمان کو گرفتار کر کے مقدمہ درج کر لیا اور مزید تفتیش جاری ہے۔

چ
☆ چار نیوز ☆
1

اسلام آباد (چار نیوز) وزیر اعظم نے کہا ہے کہ ملک کی ترقی اور خوشحالی کے لیے تمام اداروں کو مل کر کام کرنا ہوگا اور عوام کو ریلیف فراہم کرنا حکومت کی اولین ترجیح ہے، انہوں نے کہا کہ معیشت کی بہتری کے لیے سخت فیصلے کیے گئے ہیں جن کے مثبت نتائج سامنے آ رہے ہیں اور آنے والے دنوں میں مہنگائی میں مزید کمی ہوگی، اجلاس میں وفاقی وزراء اور اعلیٰ حکام نے شرکت کی اور مختلف امور پر تفصیلی تبادلہ خیال کیا گیا۔ لاہور میں پریس کانفرنس سے خطاب کرتے ہوئے انہوں نے کہا کہ صوبائی حکومت عوامی مسائل کے حل کے لیے دن رات کوشاں ہے اور ترقیاتی منصوبوں کو جلد مکمل کیا جائے گا، شہریوں کو صحت تعلیم اور روزگار کی سہولیات فراہم کرنا ہماری ذمہ داری ہے، پولیس نے کارروائی کرتے ہوئے ملزمان کو گرفتار کر کے مقدمہ درج کر لیا اور مزید تفتیش جاری ہے۔

اسلام آباد (چار نیوز) وزیر اعظم نے کہا ہے کہ ملک کی ترقی اور خوشحالی کے لیے تمام اداروں کو مل کر کام کرنا ہوگا اور عوام کو ریلیف فراہم کرنا حکومت کی اولین ترجیح ہے، انہوں نے کہا کہ معیشت کی بہتری کے لیے سخت فیصلے کیے گئے ہیں جن کے مثبت نتائج سامنے آ رہے ہیں اور آنے والے دنوں میں مہنگائی میں مزید کمی ہوگی، اجلاس میں وفاقی وزراء اور اعلیٰ حکام نے شرکت کی اور مختلف امور پر تفصیلی تبادلہ خیال کیا گیا۔ لاہور میں پریس کانفرنس سے خطاب کرتے ہوئے انہوں نے کہا کہ صوبائی حکومت عوامی مسائل کے حل کے لیے دن رات کوشاں ہے اور ترقیاتی منصوبوں کو جلد مکمل کیا جائے گا، شہریوں کو صحت تعلیم اور روزگار کی سہولیات فراہم کرنا ہماری ذمہ داری ہے، پولیس نے کارروائی کرتے ہوئے ملزمان کو گرفتار کر کے مقدمہ درج کر لیا اور مزید تفتیش جاری ہے۔

اسلام آباد (چار نیوز) وزیر اعظم نے کہا ہے کہ ملک کی ترقی اور خوشحالی کے لیے تمام اداروں کو مل کر کام کرنا ہوگا اور عوام کو ریلیف فراہم کرنا حکومت کی اولین ترجیح ہے، انہوں نے کہا کہ معیشت کی بہتری کے لیے سخت فیصلے کیے گئے ہیں جن کے مثبت نتائج سامنے آ رہے ہیں اور آنے والے دنوں میں مہنگائی میں مزید کمی ہوگی، اجلاس میں وفاقی وزراء اور اعلیٰ حکام نے شرکت کی اور مختلف امور پر تفصیلی تبادلہ خیال کیا گیا۔ لاہور میں پریس کانفرنس سے خطاب کرتے ہوئے انہوں نے کہا کہ صوبائی حکومت عوامی مسائل کے حل کے لیے دن رات کوشاں ہے اور ترقیاتی منصوبوں کو جلد مکمل کیا جائے گا، شہریوں کو صحت تعلیم اور روزگار کی سہولیات فراہم کرنا ہماری ذمہ داری ہے، پولیس نے کارروائی کرتے ہوئے ملزمان کو گرفتار کر کے مقدمہ درج کر لیا اور مزید تفتیش جاری ہے۔

اسلام آباد (چار نیوز) وزیر اعظم نے کہا ہے کہ ملک کی ترقی اور خوشحالی کے لیے تمام اداروں کو مل کر کام کرنا ہوگا اور عوام کو ریلیف فراہم کرنا حکومت کی اولین ترجیح ہے، انہوں نے کہا کہ معیشت کی بہتری کے لیے سخت فیصلے کیے گئے ہیں جن کے مثبت نتائج سامنے آ رہے ہیں اور آنے والے دنوں میں مہنگائی میں مزید کمی ہوگی، اجلاس میں وفاقی وزراء اور اعلیٰ حکام نے شرکت کی اور مختلف امور پر تفصیلی تبادلہ خیال کیا گیا۔ لاہور میں پریس کانفرنس سے خطاب کرتے ہوئے انہوں نے کہا کہ صوبائی حکومت عوامی مسائل کے حل کے لیے دن رات کوشاں ہے اور ترقیاتی منصوبوں کو جلد مکمل کیا جائے گا، شہریوں کو صحت تعلیم اور روزگار کی سہولیات فراہم کرنا ہماری ذمہ داری ہے، پولیس نے کارروائی کرتے ہوئے ملزمان کو گرفتار کر کے مقدمہ درج کر لیا اور مزید تفتیش جاری ہے۔

اسلام آباد (چار نیوز) وزیر اعظم نے کہا ہے کہ ملک کی ترقی اور خوشحالی کے لیے تمام اداروں کو مل کر کام کرنا ہوگا اور عوام کو ریلیف فراہم کرنا حکومت کی اولین ترجیح ہے، انہوں نے کہا کہ معیشت کی بہتری کے لیے سخت فیصلے کیے گئے ہیں جن کے مثبت نتائج سامنے آ رہے ہیں اور آنے والے دنوں میں مہنگائی میں مزید کمی ہوگی، اجلاس میں وفاقی وزراء اور اعلیٰ حکام نے شرکت کی اور مختلف امور پر تفصیلی تبادلہ خیال کیا گیا۔ لاہور میں پریس کانفرنس سے خطاب کرتے ہوئے انہوں نے کہا کہ صوبائی حکومت عوامی مسائل کے حل کے لیے دن رات کوشاں ہے اور ترقیاتی منصوبوں کو جلد مکمل کیا جائے گا، شہریوں کو صحت تعلیم اور روزگار کی سہولیات فراہم کرنا ہماری ذمہ داری ہے، پولیس نے کارروائی کرتے ہوئے ملزمان کو گرفتار کر کے مقدمہ درج کر لیا اور مزید تفتیش جاری ہے۔

اسلام آباد (چار نیوز) وزیر اعظم نے کہا ہے کہ ملک کی ترقی اور خوشحالی کے لیے تمام اداروں کو مل کر کام کرنا ہوگا اور عوام کو ریلیف فراہم کرنا حکومت کی اولین ترجیح ہے، انہوں نے کہا کہ معیشت کی بہتری کے لیے سخت فیصلے کیے گئے ہیں جن کے مثبت نتائج سامنے آ رہے ہیں اور آنے والے دنوں میں مہنگائی میں مزید کمی ہوگی، اجلاس میں وفاقی وزراء اور اعلیٰ حکام نے شرکت کی اور مختلف امور پر تفصیلی تبادلہ خیال کیا گیا۔ لاہور میں پریس کانفرنس سے خطاب کرتے ہوئے انہوں نے کہا کہ صوبائی حکومت عوامی مسائل کے حل کے لیے دن رات کوشاں ہے اور ترقیاتی منصوبوں کو جلد مکمل کیا جائے گا، شہریوں کو صحت تعلیم اور روزگار کی سہولیات فراہم کرنا ہماری ذمہ داری ہے، پولیس نے کارروائی کرتے ہوئے ملزمان کو گرفتار کر کے مقدمہ درج کر لیا اور مزید تفتیش جاری ہے۔

اسلام آباد (چار نیوز) وزیر اعظم نے کہا ہے کہ ملک کی ترقی اور خوشحالی کے لیے تمام اداروں کو مل کر کام کرنا ہوگا اور عوام کو ریلیف فراہم کرنا حکومت کی اولین ترجیح ہے، انہوں نے کہا کہ معیشت کی بہتری کے لیے سخت فیصلے کیے گئے ہیں جن کے مثبت نتائج سامنے آ رہے ہیں اور آنے والے دنوں میں مہنگائی میں مزید کمی ہوگی، اجلاس میں وفاقی وزراء اور اعلیٰ حکام نے شرکت کی اور مختلف امور پر تفصیلی تبادلہ خیال کیا گیا۔ لاہور میں پریس کانفرنس سے خطاب کرتے ہوئے انہوں نے کہا کہ صوبائی حکومت عوامی مسائل کے حل کے لیے دن رات کوشاں ہے اور ترقیاتی منصوبوں کو جلد مکمل کیا جائے گا، شہریوں کو صحت تعلیم اور روزگار کی سہولیات فراہم کرنا ہماری ذمہ داری ہے، پولیس نے کارروائی کرتے ہوئے ملزمان کو گرفتار کر کے مقدمہ درج کر لیا اور مزید تفتیش جاری ہے۔

━━━━━━━━━━━
چ
☆ چار نیوز ☆
2

اسلام آباد (چار نیوز) وزیر اعظم نے کہا ہے کہ ملک کی ترقی اور خوشحالی کے لیے تمام اداروں کو مل کر کام کرنا ہوگا اور عوام کو ریلیف فراہم کرنا حکومت کی اولین ترجیح ہے، انہوں نے کہا کہ معیشت کی بہتری کے لیے سخت فیصلے کیے گئے ہیں جن کے مثبت نتائج سامنے آ رہے ہیں اور آنے والے دنوں میں مہنگائی میں مزید کمی ہوگی، اجلاس میں وفاقی وزراء اور اعلیٰ حکام نے شرکت کی اور مختلف امور پر تفصیلی تبادلہ خیال کیا گیا۔ لاہور میں پریس کانفرنس سے خطاب کرتے ہوئے انہوں نے کہا کہ صوبائی حکومت عوامی مسائل کے حل کے لیے دن رات کوشاں ہے اور ترقیاتی منصوبوں کو جلد مکمل کیا جائے گا، شہریوں کو صحت تعلیم اور روزگار کی سہولیات فراہم کرنا ہماری ذمہ داری ہے، پولیس نے کارروائی کرتے ہوئے ملزمان کو گرفتار کر کے مقدمہ درج کر لیا اور مزید تفتیش جاری ہے۔

اسلام آباد (چار نیوز) وزیر اعظم نے کہا ہے کہ ملک کی ترقی اور خوشحالی کے لیے تمام اداروں کو مل کر کام کرنا ہوگا اور عوام کو ریلیف فراہم کرنا حکومت کی اولین ترجیح ہے، انہوں نے کہا کہ معیشت کی بہتری کے لیے سخت فیصلے کیے گئے ہیں جن کے مثبت نتائج سامنے آ رہے ہیں اور آنے والے دنوں میں مہنگائی میں مزید کمی ہوگی، اجلاس میں وفاقی وزراء اور اعلیٰ حکام نے شرکت کی اور مختلف امور پر تفصیلی تبادلہ خیال کیا گیا۔ لاہور میں پریس کانفرنس سے خطاب کرتے ہوئے انہوں نے کہا کہ صوبائی حکومت عوامی مسائل کے حل کے لیے دن رات کوشاں ہے اور ترقیاتی منصوبوں کو جلد مکمل کیا جائے گا، شہریوں کو صحت تعلیم اور روزگار کی سہولیات فراہم کرنا ہماری ذمہ داری ہے، پولیس نے کارروائی کرتے ہوئے ملزمان کو گرفتار کر کے مقدمہ درج کر لیا اور مزید تفتیش جاری ہے۔

اسلام آباد (چار نیوز) وزیر اعظم نے کہا ہے کہ ملک کی ترقی اور خوشحالی کے لیے تمام اداروں کو مل کر کام کرنا ہوگا اور عوام کو ریلیف فراہم کرنا حکومت کی اولین ترجیح ہے، انہوں نے کہا کہ معیشت کی بہتری کے لیے سخت فیصلے کیے گئے ہیں جن کے مثبت نتائج سامنے آ رہے ہیں اور آنے والے دنوں میں مہنگائی میں مزید کمی ہوگی، اجلاس میں وفاقی وزراء اور اعلیٰ حکام نے شرکت کی اور مختلف امور پر تفصیلی تبادلہ خیال کیا گیا۔ لاہور میں پریس کانفرنس سے خطاب کرتے ہوئے انہوں نے کہا کہ صوبائی حکومت عوامی مسائل کے حل کے لیے دن رات کوشاں ہے اور ترقیاتی منصوبوں کو جلد مکمل کیا جائے گا، شہریوں کو صحت تعلیم اور روزگار کی سہولیات فراہم کرنا ہماری ذمہ داری ہے، پولیس نے کارروائی کرتے ہوئے ملزمان کو گرفتار کر کے مقدمہ درج کر لیا اور مزید تفتیش جاری ہے۔

اسلام آباد (چار نیوز) وزیر اعظم نے کہا ہے کہ ملک کی ترقی اور خوشحالی کے لیے تمام اداروں کو مل کر کام کرنا ہوگا اور عوام کو ریلیف فراہم کرنا حکومت کی اولین ترجیح ہے، انہوں نے کہا کہ معیشت کی بہتری کے لیے سخت فیصلے کیے گئے ہیں جن کے مثبت نتائج سامنے آ رہے ہیں اور آنے والے دنوں میں مہنگائی میں مزید کمی ہوگی، اجلاس میں وفاقی وزراء اور اعلیٰ حکام نے شرکت کی اور مختلف امور پر تفصیلی تبادلہ خیال کیا گیا۔ لاہور میں پریس کانفرنس سے خطاب کرتے ہوئے انہوں نے کہا کہ صوبائی حکومت عوامی مسائل کے حل کے لیے دن رات کوشاں ہے اور ترقیاتی منصوبوں کو جلد مکمل کیا جائے گا، شہریوں کو صحت تعلیم اور روزگار کی سہولیات فراہم کرنا ہماری ذمہ داری ہے، پولیس نے کارروائی کرتے ہوئے ملزمان کو گرفتار کر کے مقدمہ درج کر لیا اور مزید تفتیش جاری ہے۔

اسلام آباد (چار نیوز) وزیر اعظم نے کہا ہے کہ ملک کی ترقی اور خوشحالی کے لیے تمام اداروں کو مل کر کام کرنا ہوگا اور عوام کو ریلیف فراہم کرنا حکومت کی اولین ترجیح ہے، انہوں نے کہا کہ معیشت کی بہتری کے لیے سخت فیصلے کیے گئے ہیں جن کے مثبت نتائج سامنے آ رہے ہیں اور آنے والے دنوں میں مہنگائی میں مزید کمی ہوگی، اجلاس میں وفاقی وزراء اور اعلیٰ حکام نے شرکت کی اور مختلف امور پر تفصیلی تبادلہ خیال کیا گیا۔ لاہور میں پریس کانفرنس سے خطاب کرتے ہوئے انہوں نے کہا کہ صوبائی حکومت عوامی مسائل کے حل کے لیے دن رات کوشاں ہے اور ترقیاتی منصوبوں کو جلد مکمل کیا جائے گا، شہریوں کو صحت تعلیم اور روزگار کی سہولیات فراہم کرنا ہماری ذمہ داری ہے، پولیس نے کارروائی کرتے ہوئے ملزمان کو گرفتار کر کے مقدمہ درج کر لیا اور مزید تفتیش جاری ہے۔

اسلام آباد (چار نیوز) وزیر اعظم نے کہا ہے کہ ملک کی ترقی اور خوشحالی کے لیے تمام اداروں کو مل کر کام کرنا ہوگا اور عوام کو ریلیف فراہم کرنا حکومت کی اولین ترجیح ہے، انہوں نے کہا کہ معیشت کی بہتری کے لیے سخت فیصلے کیے گئے ہیں جن کے مثبت نتائج سامنے آ رہے ہیں اور آنے والے دنوں میں مہنگائی میں مزید کمی ہوگی، اجلاس میں وفاقی وزراء اور اعلیٰ حکام نے شرکت کی اور مختلف امور پر تفصیلی تبادلہ خیال کیا گیا۔ لاہور میں پریس کانفرنس سے خطاب کرتے ہوئے انہوں نے کہا کہ صوبائی حکومت عوامی مسائل کے حل کے لیے دن رات کوشاں ہے اور ترقیاتی منصوبوں کو جلد مکمل کیا جائے گا، شہریوں کو صحت تعلیم اور روزگار کی سہولیات فراہم کرنا ہماری ذمہ داری ہے، پولیس نے کارروائی کرتے ہوئے ملزمان کو گرفتار کر کے مقدمہ درج کر لیا اور مزید تفتیش جاری ہے۔

━━━━━━━━━━━
چ
☆ چار نیوز ☆
3

اسلام آباد (چار نیوز) وزیر اعظم نے کہا ہے کہ ملک کی ترقی اور خوشحالی کے لیے تمام اداروں کو مل کر کام کرنا ہوگا اور عوام کو ریلیف فراہم کرنا حکومت کی اولین ترجیح ہے، انہوں نے کہا کہ معیشت کی بہتری کے لیے سخت فیصلے کیے گئے ہیں جن کے مثبت نتائج سامنے آ رہے ہیں اور آنے والے دنوں میں مہنگائی میں مزید کمی ہوگی، اجلاس میں وفاقی وزراء اور اعلیٰ حکام نے شرکت کی اور مختلف امور پر تفصیلی تبادلہ خیال کیا گیا۔ لاہور میں پریس کانفرنس سے خطاب کرتے ہوئے انہوں نے کہا کہ صوبائی حکومت عوامی مسائل کے حل کے لیے دن رات کوشاں ہے اور ترقیاتی منصوبوں کو جلد مکمل کیا جائے گا، شہریوں کو صحت تعلیم اور روزگار کی سہولیات فراہم کرنا ہماری ذمہ داری ہے، پولیس نے کارروائی کرتے ہوئے ملزمان کو گرفتار کر کے مقدمہ درج کر لیا اور مزید تفتیش جاری ہے۔

اسلام آباد (چار نیوز) وزیر اعظم نے کہا ہے کہ ملک کی ترقی اور خوشحالی کے لیے تمام اداروں کو مل کر کام کرنا ہوگا اور عوام کو ریلیف فراہم کرنا حکومت کی اولین ترجیح ہے، انہوں نے کہا کہ معیشت کی بہتری کے لیے سخت فیصلے کیے گئے ہیں جن کے مثبت نتائج سامنے آ رہے ہیں اور آنے والے دنوں میں مہنگائی میں مزید کمی ہوگی، اجلاس میں وفاقی وزراء اور اعلیٰ حکام نے شرکت کی اور مختلف امور پر تفصیلی تبادلہ خیال کیا گیا۔ لاہور میں پریس کانفرنس سے خطاب کرتے ہوئے انہوں نے کہا کہ صوبائی حکومت عوامی مسائل کے حل کے لیے دن رات کوشاں ہے اور ترقیاتی منصوبوں کو جلد مکمل کیا جائے گا، شہریوں کو صحت تعلیم اور روزگار کی سہولیات فراہم کرنا ہماری ذمہ داری ہے، پولیس نے کارروائی کرتے ہوئے ملزمان کو گرفتار کر کے مقدمہ درج کر لیا اور مزید تفتیش جاری ہے۔

اسلام آباد (چار نیوز) وزیر اعظم نے کہا ہے کہ ملک کی ترقی اور خوشحالی کے لیے تمام اداروں کو مل کر کام کرنا ہوگا اور عوام کو ریلیف فراہم کرنا حکومت کی اولین ترجیح ہے، انہوں نے کہا کہ معیشت کی بہتری کے لیے سخت فیصلے کیے گئے ہیں جن کے مثبت نتائج سامنے آ رہے ہیں اور آنے والے دنوں میں مہنگائی میں مزید کمی ہوگی، اجلاس میں وفاقی وزراء اور اعلیٰ حکام نے شرکت کی اور مختلف امور پر تفصیلی تبادلہ خیال کیا گیا۔ لاہور میں پریس کانفرنس سے خطاب کرتے ہوئے انہوں نے کہا کہ صوبائی حکومت عوامی مسائل کے حل کے لیے دن رات کوشاں ہے اور ترقیاتی منصوبوں کو جلد مکمل کیا جائے گا، شہریوں کو صحت تعلیم اور روزگار کی سہولیات فراہم کرنا ہماری ذمہ داری ہے، پولیس نے کارروائی کرتے ہوئے ملزمان کو گرفتار کر کے مقدمہ درج کر لیا اور مزید تفتیش جاری ہے۔
